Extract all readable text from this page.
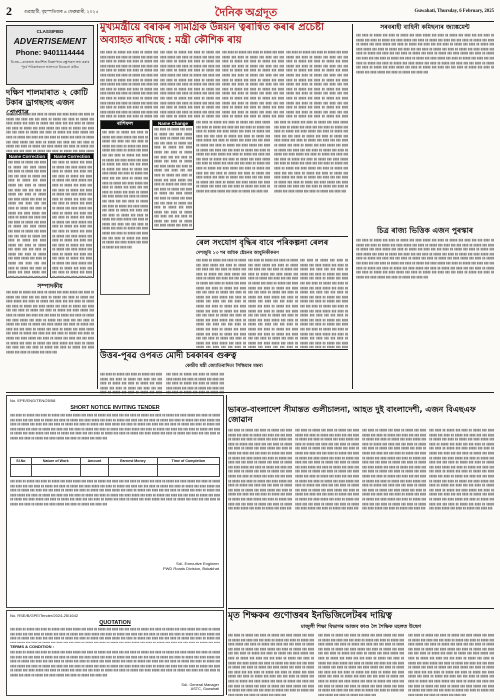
2	গুৱাহাটী, বৃহস্পতিবাৰ ৬ ফেব্ৰুৱাৰী, ২০২৫	দৈনিক অগ্ৰদূত	Guwahati, Thursday, 6 February, 2025
CLASSIFIED
ADVERTISEMENT
Phone: 9401114444
বি.দ্ৰঃ—কাকতত প্ৰকাশিত বিজ্ঞাপনৰ বস্তুসকল ক্ৰয় কৰাৰ পূৰ্বে পাঠকসকলে ভালদৰে বিবেচনা কৰিব
দক্ষিণ শালমাৰাত ২ কোটি টকাৰ ড্ৰাগছসহ এজন গ্ৰেপ্তাৰ
▮▮▮ ▮▮▮▮ ▮▮ ▮▮▮▮▮ ▮▮▮ ▮▮▮▮ ▮▮ ▮▮▮▮▮ ▮▮▮ ▮▮▮▮ ▮▮▮▮▮ ▮▮▮ ▮▮▮▮ ▮▮ ▮▮▮▮▮ ▮▮▮ ▮▮▮▮ ▮▮▮ ▮▮▮ ▮▮▮▮ ▮▮ ▮▮▮▮▮ ▮▮▮ ▮▮▮▮ ▮▮ ▮▮▮▮▮ ▮▮▮ ▮▮▮▮ ▮▮▮▮▮ ▮▮▮ ▮▮▮▮ ▮▮ ▮▮▮▮▮ ▮▮▮ ▮▮▮▮ ▮▮▮ ▮▮▮ ▮▮▮▮ ▮▮ ▮▮▮▮▮ ▮▮▮ ▮▮▮▮ ▮▮ ▮▮▮▮▮ ▮▮▮ ▮▮▮▮ ▮▮▮▮▮ ▮▮▮ ▮▮▮▮ ▮▮ ▮▮▮▮▮ ▮▮▮ ▮▮▮▮ ▮▮▮ ▮▮▮ ▮▮▮▮ ▮▮ ▮▮▮▮▮ ▮▮▮ ▮▮▮▮ ▮▮ ▮▮▮▮▮ ▮▮▮ ▮▮▮▮ ▮▮▮▮▮ ▮▮▮ ▮▮▮▮ ▮▮ ▮▮▮▮▮ ▮▮▮ ▮▮▮▮ ▮▮▮ ▮▮▮ ▮▮▮▮ ▮▮ ▮▮▮▮▮ ▮▮▮ ▮▮▮▮ ▮▮ ▮▮▮▮▮ ▮▮▮ ▮▮▮▮ ▮▮▮▮▮ ▮▮▮ ▮▮▮▮ ▮▮ ▮▮▮▮▮ ▮▮▮ ▮▮▮▮ ▮▮▮ ▮▮▮ ▮▮▮▮ ▮▮ ▮▮▮▮▮ ▮▮▮ ▮▮▮▮ ▮▮ ▮▮▮▮▮ ▮▮▮ ▮▮▮▮ ▮▮▮▮▮ ▮▮▮ ▮▮▮▮ ▮▮ ▮▮▮▮▮ ▮▮▮ ▮▮▮▮ ▮▮▮ ▮▮▮ ▮▮▮▮ ▮▮ ▮▮▮▮▮ ▮▮▮ ▮▮▮▮ ▮▮ ▮▮▮▮▮ ▮▮▮ ▮▮▮▮ ▮▮▮▮▮ ▮▮▮ ▮▮▮▮ ▮▮ ▮▮▮▮▮ ▮▮▮ ▮▮▮▮ ▮▮▮ ▮▮▮ ▮▮▮▮ ▮▮ ▮▮▮▮▮ ▮▮▮ ▮▮▮▮ ▮▮ ▮▮▮▮▮ ▮▮▮ ▮▮▮▮ ▮▮▮▮▮ ▮▮▮ ▮▮▮▮ ▮▮ ▮▮▮▮▮ ▮▮▮ ▮▮▮▮ ▮▮▮ ▮▮▮ ▮▮▮▮ ▮▮ ▮▮▮▮▮ ▮▮▮ ▮▮▮▮ ▮▮ ▮▮▮▮▮ ▮▮▮ ▮▮▮▮ ▮▮▮▮▮ ▮▮▮ ▮▮▮▮ ▮▮ ▮▮▮▮▮ ▮▮▮ ▮▮▮▮ ▮▮▮ ▮▮▮ ▮▮▮▮ ▮▮ ▮▮▮▮▮ ▮▮▮ ▮▮▮▮ ▮▮ ▮▮▮▮▮ ▮▮▮ ▮▮▮▮ ▮▮▮▮▮ ▮▮▮ ▮▮▮▮ ▮▮ ▮▮▮▮▮ ▮▮▮ ▮▮▮▮ ▮▮▮
Name Correction
▮▮▮ ▮▮▮▮ ▮▮ ▮▮▮▮▮ ▮▮▮ ▮▮▮▮ ▮▮ ▮▮▮▮▮ ▮▮▮ ▮▮▮▮ ▮▮▮▮▮ ▮▮▮ ▮▮▮▮ ▮▮ ▮▮▮▮▮ ▮▮▮ ▮▮▮▮ ▮▮▮ ▮▮▮ ▮▮▮▮ ▮▮ ▮▮▮▮▮ ▮▮▮ ▮▮▮▮ ▮▮ ▮▮▮▮▮ ▮▮▮ ▮▮▮▮ ▮▮▮▮▮ ▮▮▮ ▮▮▮▮ ▮▮ ▮▮▮▮▮ ▮▮▮ ▮▮▮▮ ▮▮▮ ▮▮▮ ▮▮▮▮ ▮▮ ▮▮▮▮▮ ▮▮▮ ▮▮▮▮ ▮▮ ▮▮▮▮▮ ▮▮▮ ▮▮▮▮ ▮▮▮▮▮ ▮▮▮ ▮▮▮▮ ▮▮ ▮▮▮▮▮ ▮▮▮ ▮▮▮▮ ▮▮▮ ▮▮▮ ▮▮▮▮ ▮▮ ▮▮▮▮▮ ▮▮▮ ▮▮▮▮ ▮▮ ▮▮▮▮▮ ▮▮▮ ▮▮▮▮ ▮▮▮▮▮ ▮▮▮ ▮▮▮▮ ▮▮ ▮▮▮▮▮ ▮▮▮ ▮▮▮▮ ▮▮▮ ▮▮▮ ▮▮▮▮ ▮▮ ▮▮▮▮▮ ▮▮▮ ▮▮▮▮ ▮▮ ▮▮▮▮▮ ▮▮▮ ▮▮▮▮ ▮▮▮▮▮ ▮▮▮ ▮▮▮▮ ▮▮ ▮▮▮▮▮ ▮▮▮ ▮▮▮▮ ▮▮▮ ▮▮▮ ▮▮▮▮ ▮▮ ▮▮▮▮▮ ▮▮▮ ▮▮▮▮ ▮▮ ▮▮▮▮▮ ▮▮▮ ▮▮▮▮ ▮▮▮▮▮ ▮▮▮ ▮▮▮▮ ▮▮ ▮▮▮▮▮ ▮▮▮ ▮▮▮▮ ▮▮▮ ▮▮▮ ▮▮▮▮ ▮▮ ▮▮▮▮▮ ▮▮▮ ▮▮▮▮ ▮▮ ▮▮▮▮▮ ▮▮▮ ▮▮▮▮ ▮▮▮▮▮ ▮▮▮ ▮▮▮▮ ▮▮ ▮▮▮▮▮ ▮▮▮ ▮▮▮▮ ▮▮▮ ▮▮▮ ▮▮▮▮ ▮▮ ▮▮▮▮▮ ▮▮▮ ▮▮▮▮ ▮▮ ▮▮▮▮▮ ▮▮▮ ▮▮▮▮ ▮▮▮▮▮ ▮▮▮ ▮▮▮▮ ▮▮ ▮▮▮▮▮ ▮▮▮ ▮▮▮▮ ▮▮▮ ▮▮▮ ▮▮▮▮ ▮▮ ▮▮▮▮▮ ▮▮▮ ▮▮▮▮ ▮▮ ▮▮▮▮▮ ▮▮▮ ▮▮▮▮ ▮▮▮▮▮ ▮▮▮ ▮▮▮▮ ▮▮ ▮▮▮▮▮ ▮▮▮ ▮▮▮▮ ▮▮▮ ▮▮▮ ▮▮▮▮ ▮▮ ▮▮▮▮▮ ▮▮▮ ▮▮▮▮ ▮▮ ▮▮▮▮▮ ▮▮▮ ▮▮▮▮ ▮▮▮▮▮ ▮▮▮ ▮▮▮▮ ▮▮ ▮▮▮▮▮ ▮▮▮ ▮▮▮▮ ▮▮▮	Name Correction
▮▮▮ ▮▮▮▮ ▮▮ ▮▮▮▮▮ ▮▮▮ ▮▮▮▮ ▮▮ ▮▮▮▮▮ ▮▮▮ ▮▮▮▮ ▮▮▮▮▮ ▮▮▮ ▮▮▮▮ ▮▮ ▮▮▮▮▮ ▮▮▮ ▮▮▮▮ ▮▮▮ ▮▮▮ ▮▮▮▮ ▮▮ ▮▮▮▮▮ ▮▮▮ ▮▮▮▮ ▮▮ ▮▮▮▮▮ ▮▮▮ ▮▮▮▮ ▮▮▮▮▮ ▮▮▮ ▮▮▮▮ ▮▮ ▮▮▮▮▮ ▮▮▮ ▮▮▮▮ ▮▮▮ ▮▮▮ ▮▮▮▮ ▮▮ ▮▮▮▮▮ ▮▮▮ ▮▮▮▮ ▮▮ ▮▮▮▮▮ ▮▮▮ ▮▮▮▮ ▮▮▮▮▮ ▮▮▮ ▮▮▮▮ ▮▮ ▮▮▮▮▮ ▮▮▮ ▮▮▮▮ ▮▮▮ ▮▮▮ ▮▮▮▮ ▮▮ ▮▮▮▮▮ ▮▮▮ ▮▮▮▮ ▮▮ ▮▮▮▮▮ ▮▮▮ ▮▮▮▮ ▮▮▮▮▮ ▮▮▮ ▮▮▮▮ ▮▮ ▮▮▮▮▮ ▮▮▮ ▮▮▮▮ ▮▮▮ ▮▮▮ ▮▮▮▮ ▮▮ ▮▮▮▮▮ ▮▮▮ ▮▮▮▮ ▮▮ ▮▮▮▮▮ ▮▮▮ ▮▮▮▮ ▮▮▮▮▮ ▮▮▮ ▮▮▮▮ ▮▮ ▮▮▮▮▮ ▮▮▮ ▮▮▮▮ ▮▮▮ ▮▮▮ ▮▮▮▮ ▮▮ ▮▮▮▮▮ ▮▮▮ ▮▮▮▮ ▮▮ ▮▮▮▮▮ ▮▮▮ ▮▮▮▮ ▮▮▮▮▮ ▮▮▮ ▮▮▮▮ ▮▮ ▮▮▮▮▮ ▮▮▮ ▮▮▮▮ ▮▮▮ ▮▮▮ ▮▮▮▮ ▮▮ ▮▮▮▮▮ ▮▮▮ ▮▮▮▮ ▮▮ ▮▮▮▮▮ ▮▮▮ ▮▮▮▮ ▮▮▮▮▮ ▮▮▮ ▮▮▮▮ ▮▮ ▮▮▮▮▮ ▮▮▮ ▮▮▮▮ ▮▮▮ ▮▮▮ ▮▮▮▮ ▮▮ ▮▮▮▮▮ ▮▮▮ ▮▮▮▮ ▮▮ ▮▮▮▮▮ ▮▮▮ ▮▮▮▮ ▮▮▮▮▮ ▮▮▮ ▮▮▮▮ ▮▮ ▮▮▮▮▮ ▮▮▮ ▮▮▮▮ ▮▮▮ ▮▮▮ ▮▮▮▮ ▮▮ ▮▮▮▮▮ ▮▮▮ ▮▮▮▮ ▮▮ ▮▮▮▮▮ ▮▮▮ ▮▮▮▮ ▮▮▮▮▮ ▮▮▮ ▮▮▮▮ ▮▮ ▮▮▮▮▮ ▮▮▮ ▮▮▮▮ ▮▮▮ ▮▮▮ ▮▮▮▮ ▮▮ ▮▮▮▮▮ ▮▮▮ ▮▮▮▮ ▮▮ ▮▮▮▮▮ ▮▮▮ ▮▮▮▮ ▮▮▮▮▮ ▮▮▮ ▮▮▮▮ ▮▮ ▮▮▮▮▮ ▮▮▮ ▮▮▮▮ ▮▮▮
সম্পাদকীয়
▮▮▮ ▮▮▮▮ ▮▮ ▮▮▮▮▮ ▮▮▮ ▮▮▮▮ ▮▮ ▮▮▮▮▮ ▮▮▮ ▮▮▮▮ ▮▮▮▮▮ ▮▮▮ ▮▮▮▮ ▮▮ ▮▮▮▮▮ ▮▮▮ ▮▮▮▮ ▮▮▮ ▮▮▮ ▮▮▮▮ ▮▮ ▮▮▮▮▮ ▮▮▮ ▮▮▮▮ ▮▮ ▮▮▮▮▮ ▮▮▮ ▮▮▮▮ ▮▮▮▮▮ ▮▮▮ ▮▮▮▮ ▮▮ ▮▮▮▮▮ ▮▮▮ ▮▮▮▮ ▮▮▮ ▮▮▮ ▮▮▮▮ ▮▮ ▮▮▮▮▮ ▮▮▮ ▮▮▮▮ ▮▮ ▮▮▮▮▮ ▮▮▮ ▮▮▮▮ ▮▮▮▮▮ ▮▮▮ ▮▮▮▮ ▮▮ ▮▮▮▮▮ ▮▮▮ ▮▮▮▮ ▮▮▮ ▮▮▮ ▮▮▮▮ ▮▮ ▮▮▮▮▮ ▮▮▮ ▮▮▮▮ ▮▮ ▮▮▮▮▮ ▮▮▮ ▮▮▮▮ ▮▮▮▮▮ ▮▮▮ ▮▮▮▮ ▮▮ ▮▮▮▮▮ ▮▮▮ ▮▮▮▮ ▮▮▮ ▮▮▮ ▮▮▮▮ ▮▮ ▮▮▮▮▮ ▮▮▮ ▮▮▮▮ ▮▮ ▮▮▮▮▮ ▮▮▮ ▮▮▮▮ ▮▮▮▮▮ ▮▮▮ ▮▮▮▮ ▮▮ ▮▮▮▮▮ ▮▮▮ ▮▮▮▮ ▮▮▮ ▮▮▮ ▮▮▮▮ ▮▮ ▮▮▮▮▮ ▮▮▮ ▮▮▮▮ ▮▮ ▮▮▮▮▮ ▮▮▮ ▮▮▮▮ ▮▮▮▮▮ ▮▮▮ ▮▮▮▮ ▮▮ ▮▮▮▮▮ ▮▮▮ ▮▮▮▮ ▮▮▮ ▮▮▮ ▮▮▮▮ ▮▮ ▮▮▮▮▮ ▮▮▮ ▮▮▮▮ ▮▮ ▮▮▮▮▮ ▮▮▮ ▮▮▮▮ ▮▮▮▮▮ ▮▮▮ ▮▮▮▮ ▮▮ ▮▮▮▮▮ ▮▮▮ ▮▮▮▮ ▮▮▮ ▮▮▮ ▮▮▮▮ ▮▮ ▮▮▮▮▮ ▮▮▮ ▮▮▮▮ ▮▮ ▮▮▮▮▮ ▮▮▮ ▮▮▮▮ ▮▮▮▮▮ ▮▮▮ ▮▮▮▮ ▮▮ ▮▮▮▮▮ ▮▮▮ ▮▮▮▮ ▮▮▮ ▮▮▮ ▮▮▮▮ ▮▮ ▮▮▮▮▮ ▮▮▮ ▮▮▮▮ ▮▮ ▮▮▮▮▮ ▮▮▮ ▮▮▮▮ ▮▮▮▮▮ ▮▮▮ ▮▮▮▮ ▮▮ ▮▮▮▮▮ ▮▮▮ ▮▮▮▮ ▮▮▮ ▮▮▮ ▮▮▮▮ ▮▮ ▮▮▮▮▮ ▮▮▮ ▮▮▮▮ ▮▮ ▮▮▮▮▮ ▮▮▮ ▮▮▮▮ ▮▮▮▮▮ ▮▮▮ ▮▮▮▮ ▮▮ ▮▮▮▮▮ ▮▮▮ ▮▮▮▮ ▮▮▮
মুখ্যমন্ত্ৰীয়ে বৰাকৰ সামগ্ৰিক উন্নয়ন ত্বৰান্বিত কৰাৰ প্ৰচেষ্টা অব্যাহত ৰাখিছে : মন্ত্ৰী কৌশিক ৰায়
▮▮▮ ▮▮▮▮ ▮▮ ▮▮▮▮▮ ▮▮▮ ▮▮▮▮ ▮▮ ▮▮▮▮▮ ▮▮▮ ▮▮▮▮ ▮▮▮▮▮ ▮▮▮ ▮▮▮▮ ▮▮ ▮▮▮▮▮ ▮▮▮ ▮▮▮▮ ▮▮▮ ▮▮▮ ▮▮▮▮ ▮▮ ▮▮▮▮▮ ▮▮▮ ▮▮▮▮ ▮▮ ▮▮▮▮▮ ▮▮▮ ▮▮▮▮ ▮▮▮▮▮ ▮▮▮ ▮▮▮▮ ▮▮ ▮▮▮▮▮ ▮▮▮ ▮▮▮▮ ▮▮▮ ▮▮▮ ▮▮▮▮ ▮▮ ▮▮▮▮▮ ▮▮▮ ▮▮▮▮ ▮▮ ▮▮▮▮▮ ▮▮▮ ▮▮▮▮ ▮▮▮▮▮ ▮▮▮ ▮▮▮▮ ▮▮ ▮▮▮▮▮ ▮▮▮ ▮▮▮▮ ▮▮▮ ▮▮▮ ▮▮▮▮ ▮▮ ▮▮▮▮▮ ▮▮▮ ▮▮▮▮ ▮▮ ▮▮▮▮▮ ▮▮▮ ▮▮▮▮ ▮▮▮▮▮ ▮▮▮ ▮▮▮▮ ▮▮ ▮▮▮▮▮ ▮▮▮ ▮▮▮▮ ▮▮▮ ▮▮▮ ▮▮▮▮ ▮▮ ▮▮▮▮▮ ▮▮▮ ▮▮▮▮ ▮▮ ▮▮▮▮▮ ▮▮▮ ▮▮▮▮ ▮▮▮▮▮ ▮▮▮ ▮▮▮▮ ▮▮ ▮▮▮▮▮ ▮▮▮ ▮▮▮▮ ▮▮▮ ▮▮▮ ▮▮▮▮ ▮▮ ▮▮▮▮▮ ▮▮▮ ▮▮▮▮ ▮▮ ▮▮▮▮▮ ▮▮▮ ▮▮▮▮ ▮▮▮▮▮ ▮▮▮ ▮▮▮▮ ▮▮ ▮▮▮▮▮ ▮▮▮ ▮▮▮▮ ▮▮▮ ▮▮▮ ▮▮▮▮ ▮▮ ▮▮▮▮▮ ▮▮▮ ▮▮▮▮ ▮▮ ▮▮▮▮▮ ▮▮▮ ▮▮▮▮ ▮▮▮▮▮ ▮▮▮ ▮▮▮▮ ▮▮ ▮▮▮▮▮ ▮▮▮ ▮▮▮▮ ▮▮▮ ▮▮▮ ▮▮▮▮ ▮▮ ▮▮▮▮▮ ▮▮▮ ▮▮▮▮ ▮▮ ▮▮▮▮▮ ▮▮▮ ▮▮▮▮ ▮▮▮▮▮ ▮▮▮ ▮▮▮▮ ▮▮ ▮▮▮▮▮ ▮▮▮ ▮▮▮▮ ▮▮▮ ▮▮▮ ▮▮▮▮ ▮▮ ▮▮▮▮▮ ▮▮▮ ▮▮▮▮ ▮▮ ▮▮▮▮▮ ▮▮▮ ▮▮▮▮ ▮▮▮▮▮ ▮▮▮ ▮▮▮▮ ▮▮ ▮▮▮▮▮ ▮▮▮ ▮▮▮▮ ▮▮▮ ▮▮▮ ▮▮▮▮ ▮▮ ▮▮▮▮▮ ▮▮▮ ▮▮▮▮ ▮▮ ▮▮▮▮▮ ▮▮▮ ▮▮▮▮ ▮▮▮▮▮ ▮▮▮ ▮▮▮▮ ▮▮ ▮▮▮▮▮ ▮▮▮ ▮▮▮▮ ▮▮▮
▮▮▮ ▮▮▮▮ ▮▮ ▮▮▮▮▮ ▮▮▮ ▮▮▮▮ ▮▮ ▮▮▮▮▮ ▮▮▮ ▮▮▮▮ ▮▮▮▮▮ ▮▮▮ ▮▮▮▮ ▮▮ ▮▮▮▮▮ ▮▮▮ ▮▮▮▮ ▮▮▮ ▮▮▮ ▮▮▮▮ ▮▮ ▮▮▮▮▮ ▮▮▮ ▮▮▮▮ ▮▮ ▮▮▮▮▮ ▮▮▮ ▮▮▮▮ ▮▮▮▮▮ ▮▮▮ ▮▮▮▮ ▮▮ ▮▮▮▮▮ ▮▮▮ ▮▮▮▮ ▮▮▮ ▮▮▮ ▮▮▮▮ ▮▮ ▮▮▮▮▮ ▮▮▮ ▮▮▮▮ ▮▮ ▮▮▮▮▮ ▮▮▮ ▮▮▮▮ ▮▮▮▮▮ ▮▮▮ ▮▮▮▮ ▮▮ ▮▮▮▮▮ ▮▮▮ ▮▮▮▮ ▮▮▮ ▮▮▮ ▮▮▮▮ ▮▮ ▮▮▮▮▮ ▮▮▮ ▮▮▮▮ ▮▮ ▮▮▮▮▮ ▮▮▮ ▮▮▮▮ ▮▮▮▮▮ ▮▮▮ ▮▮▮▮ ▮▮ ▮▮▮▮▮ ▮▮▮ ▮▮▮▮ ▮▮▮ ▮▮▮ ▮▮▮▮ ▮▮ ▮▮▮▮▮ ▮▮▮ ▮▮▮▮ ▮▮ ▮▮▮▮▮ ▮▮▮ ▮▮▮▮ ▮▮▮▮▮ ▮▮▮ ▮▮▮▮ ▮▮ ▮▮▮▮▮ ▮▮▮ ▮▮▮▮ ▮▮▮ ▮▮▮ ▮▮▮▮ ▮▮ ▮▮▮▮▮ ▮▮▮ ▮▮▮▮ ▮▮ ▮▮▮▮▮ ▮▮▮ ▮▮▮▮ ▮▮▮▮▮ ▮▮▮ ▮▮▮▮ ▮▮ ▮▮▮▮▮ ▮▮▮ ▮▮▮▮ ▮▮▮ ▮▮▮ ▮▮▮▮ ▮▮ ▮▮▮▮▮ ▮▮▮ ▮▮▮▮ ▮▮ ▮▮▮▮▮ ▮▮▮ ▮▮▮▮ ▮▮▮▮▮ ▮▮▮ ▮▮▮▮ ▮▮ ▮▮▮▮▮ ▮▮▮ ▮▮▮▮ ▮▮▮ ▮▮▮ ▮▮▮▮ ▮▮ ▮▮▮▮▮ ▮▮▮ ▮▮▮▮ ▮▮ ▮▮▮▮▮ ▮▮▮ ▮▮▮▮ ▮▮▮▮▮ ▮▮▮ ▮▮▮▮ ▮▮ ▮▮▮▮▮ ▮▮▮ ▮▮▮▮ ▮▮▮ ▮▮▮ ▮▮▮▮ ▮▮ ▮▮▮▮▮ ▮▮▮ ▮▮▮▮ ▮▮ ▮▮▮▮▮ ▮▮▮ ▮▮▮▮ ▮▮▮▮▮ ▮▮▮ ▮▮▮▮ ▮▮ ▮▮▮▮▮ ▮▮▮ ▮▮▮▮ ▮▮▮ ▮▮▮ ▮▮▮▮ ▮▮ ▮▮▮▮▮ ▮▮▮ ▮▮▮▮ ▮▮ ▮▮▮▮▮ ▮▮▮ ▮▮▮▮ ▮▮▮▮▮ ▮▮▮ ▮▮▮▮ ▮▮ ▮▮▮▮▮ ▮▮▮ ▮▮▮▮ ▮▮▮
▮▮▮ ▮▮▮▮ ▮▮ ▮▮▮▮▮ ▮▮▮ ▮▮▮▮ ▮▮ ▮▮▮▮▮ ▮▮▮ ▮▮▮▮ ▮▮▮▮▮ ▮▮▮ ▮▮▮▮ ▮▮ ▮▮▮▮▮ ▮▮▮ ▮▮▮▮ ▮▮▮ ▮▮▮ ▮▮▮▮ ▮▮ ▮▮▮▮▮ ▮▮▮ ▮▮▮▮ ▮▮ ▮▮▮▮▮ ▮▮▮ ▮▮▮▮ ▮▮▮▮▮ ▮▮▮ ▮▮▮▮ ▮▮ ▮▮▮▮▮ ▮▮▮ ▮▮▮▮ ▮▮▮ ▮▮▮ ▮▮▮▮ ▮▮ ▮▮▮▮▮ ▮▮▮ ▮▮▮▮ ▮▮ ▮▮▮▮▮ ▮▮▮ ▮▮▮▮ ▮▮▮▮▮ ▮▮▮ ▮▮▮▮ ▮▮ ▮▮▮▮▮ ▮▮▮ ▮▮▮▮ ▮▮▮ ▮▮▮ ▮▮▮▮ ▮▮ ▮▮▮▮▮ ▮▮▮ ▮▮▮▮ ▮▮ ▮▮▮▮▮ ▮▮▮ ▮▮▮▮ ▮▮▮▮▮ ▮▮▮ ▮▮▮▮ ▮▮ ▮▮▮▮▮ ▮▮▮ ▮▮▮▮ ▮▮▮ ▮▮▮ ▮▮▮▮ ▮▮ ▮▮▮▮▮ ▮▮▮ ▮▮▮▮ ▮▮ ▮▮▮▮▮ ▮▮▮ ▮▮▮▮ ▮▮▮▮▮ ▮▮▮ ▮▮▮▮ ▮▮ ▮▮▮▮▮ ▮▮▮ ▮▮▮▮ ▮▮▮ ▮▮▮ ▮▮▮▮ ▮▮ ▮▮▮▮▮ ▮▮▮ ▮▮▮▮ ▮▮ ▮▮▮▮▮ ▮▮▮ ▮▮▮▮ ▮▮▮▮▮ ▮▮▮ ▮▮▮▮ ▮▮ ▮▮▮▮▮ ▮▮▮ ▮▮▮▮ ▮▮▮ ▮▮▮ ▮▮▮▮ ▮▮ ▮▮▮▮▮ ▮▮▮ ▮▮▮▮ ▮▮ ▮▮▮▮▮ ▮▮▮ ▮▮▮▮ ▮▮▮▮▮ ▮▮▮ ▮▮▮▮ ▮▮ ▮▮▮▮▮ ▮▮▮ ▮▮▮▮ ▮▮▮ ▮▮▮ ▮▮▮▮ ▮▮ ▮▮▮▮▮ ▮▮▮ ▮▮▮▮ ▮▮ ▮▮▮▮▮ ▮▮▮ ▮▮▮▮ ▮▮▮▮▮ ▮▮▮ ▮▮▮▮ ▮▮ ▮▮▮▮▮ ▮▮▮ ▮▮▮▮ ▮▮▮ ▮▮▮ ▮▮▮▮ ▮▮ ▮▮▮▮▮ ▮▮▮ ▮▮▮▮ ▮▮ ▮▮▮▮▮ ▮▮▮ ▮▮▮▮ ▮▮▮▮▮ ▮▮▮ ▮▮▮▮ ▮▮ ▮▮▮▮▮ ▮▮▮ ▮▮▮▮ ▮▮▮ ▮▮▮ ▮▮▮▮ ▮▮ ▮▮▮▮▮ ▮▮▮ ▮▮▮▮ ▮▮ ▮▮▮▮▮ ▮▮▮ ▮▮▮▮ ▮▮▮▮▮ ▮▮▮ ▮▮▮▮ ▮▮ ▮▮▮▮▮ ▮▮▮ ▮▮▮▮ ▮▮▮
▮▮▮ ▮▮▮▮ ▮▮ ▮▮▮▮▮ ▮▮▮ ▮▮▮▮ ▮▮ ▮▮▮▮▮ ▮▮▮ ▮▮▮▮ ▮▮▮▮▮ ▮▮▮ ▮▮▮▮ ▮▮ ▮▮▮▮▮ ▮▮▮ ▮▮▮▮ ▮▮▮ ▮▮▮ ▮▮▮▮ ▮▮ ▮▮▮▮▮ ▮▮▮ ▮▮▮▮ ▮▮ ▮▮▮▮▮ ▮▮▮ ▮▮▮▮ ▮▮▮▮▮ ▮▮▮ ▮▮▮▮ ▮▮ ▮▮▮▮▮ ▮▮▮ ▮▮▮▮ ▮▮▮ ▮▮▮ ▮▮▮▮ ▮▮ ▮▮▮▮▮ ▮▮▮ ▮▮▮▮ ▮▮ ▮▮▮▮▮ ▮▮▮ ▮▮▮▮ ▮▮▮▮▮ ▮▮▮ ▮▮▮▮ ▮▮ ▮▮▮▮▮ ▮▮▮ ▮▮▮▮ ▮▮▮ ▮▮▮ ▮▮▮▮ ▮▮ ▮▮▮▮▮ ▮▮▮ ▮▮▮▮ ▮▮ ▮▮▮▮▮ ▮▮▮ ▮▮▮▮ ▮▮▮▮▮ ▮▮▮ ▮▮▮▮ ▮▮ ▮▮▮▮▮ ▮▮▮ ▮▮▮▮ ▮▮▮ ▮▮▮ ▮▮▮▮ ▮▮ ▮▮▮▮▮ ▮▮▮ ▮▮▮▮ ▮▮ ▮▮▮▮▮ ▮▮▮ ▮▮▮▮ ▮▮▮▮▮ ▮▮▮ ▮▮▮▮ ▮▮ ▮▮▮▮▮ ▮▮▮ ▮▮▮▮ ▮▮▮ ▮▮▮ ▮▮▮▮ ▮▮ ▮▮▮▮▮ ▮▮▮ ▮▮▮▮ ▮▮ ▮▮▮▮▮ ▮▮▮ ▮▮▮▮ ▮▮▮▮▮ ▮▮▮ ▮▮▮▮ ▮▮ ▮▮▮▮▮ ▮▮▮ ▮▮▮▮ ▮▮▮ ▮▮▮ ▮▮▮▮ ▮▮ ▮▮▮▮▮ ▮▮▮ ▮▮▮▮ ▮▮ ▮▮▮▮▮ ▮▮▮ ▮▮▮▮ ▮▮▮▮▮ ▮▮▮ ▮▮▮▮ ▮▮ ▮▮▮▮▮ ▮▮▮ ▮▮▮▮ ▮▮▮ ▮▮▮ ▮▮▮▮ ▮▮ ▮▮▮▮▮ ▮▮▮ ▮▮▮▮ ▮▮ ▮▮▮▮▮ ▮▮▮ ▮▮▮▮ ▮▮▮▮▮ ▮▮▮ ▮▮▮▮ ▮▮ ▮▮▮▮▮ ▮▮▮ ▮▮▮▮ ▮▮▮ ▮▮▮ ▮▮▮▮ ▮▮ ▮▮▮▮▮ ▮▮▮ ▮▮▮▮ ▮▮ ▮▮▮▮▮ ▮▮▮ ▮▮▮▮ ▮▮▮▮▮ ▮▮▮ ▮▮▮▮ ▮▮ ▮▮▮▮▮ ▮▮▮ ▮▮▮▮ ▮▮▮ ▮▮▮ ▮▮▮▮ ▮▮ ▮▮▮▮▮ ▮▮▮ ▮▮▮▮ ▮▮ ▮▮▮▮▮ ▮▮▮ ▮▮▮▮ ▮▮▮▮▮ ▮▮▮ ▮▮▮▮ ▮▮ ▮▮▮▮▮ ▮▮▮ ▮▮▮▮ ▮▮▮
ৰাশিফল
▮▮▮ ▮▮▮▮ ▮▮ ▮▮▮▮▮ ▮▮▮ ▮▮▮▮ ▮▮ ▮▮▮▮▮ ▮▮▮ ▮▮▮▮ ▮▮▮▮▮ ▮▮▮ ▮▮▮▮ ▮▮ ▮▮▮▮▮ ▮▮▮ ▮▮▮▮ ▮▮▮ ▮▮▮ ▮▮▮▮ ▮▮ ▮▮▮▮▮ ▮▮▮ ▮▮▮▮ ▮▮ ▮▮▮▮▮ ▮▮▮ ▮▮▮▮ ▮▮▮▮▮ ▮▮▮ ▮▮▮▮ ▮▮ ▮▮▮▮▮ ▮▮▮ ▮▮▮▮ ▮▮▮ ▮▮▮ ▮▮▮▮ ▮▮ ▮▮▮▮▮ ▮▮▮ ▮▮▮▮ ▮▮ ▮▮▮▮▮ ▮▮▮ ▮▮▮▮ ▮▮▮▮▮ ▮▮▮ ▮▮▮▮ ▮▮ ▮▮▮▮▮ ▮▮▮ ▮▮▮▮ ▮▮▮ ▮▮▮ ▮▮▮▮ ▮▮ ▮▮▮▮▮ ▮▮▮ ▮▮▮▮ ▮▮ ▮▮▮▮▮ ▮▮▮ ▮▮▮▮ ▮▮▮▮▮ ▮▮▮ ▮▮▮▮ ▮▮ ▮▮▮▮▮ ▮▮▮ ▮▮▮▮ ▮▮▮ ▮▮▮ ▮▮▮▮ ▮▮ ▮▮▮▮▮ ▮▮▮ ▮▮▮▮ ▮▮ ▮▮▮▮▮ ▮▮▮ ▮▮▮▮ ▮▮▮▮▮ ▮▮▮ ▮▮▮▮ ▮▮ ▮▮▮▮▮ ▮▮▮ ▮▮▮▮ ▮▮▮ ▮▮▮ ▮▮▮▮ ▮▮ ▮▮▮▮▮ ▮▮▮ ▮▮▮▮ ▮▮ ▮▮▮▮▮ ▮▮▮ ▮▮▮▮ ▮▮▮▮▮ ▮▮▮ ▮▮▮▮ ▮▮ ▮▮▮▮▮ ▮▮▮ ▮▮▮▮ ▮▮▮ ▮▮▮ ▮▮▮▮ ▮▮ ▮▮▮▮▮ ▮▮▮ ▮▮▮▮ ▮▮ ▮▮▮▮▮ ▮▮▮ ▮▮▮▮ ▮▮▮▮▮ ▮▮▮ ▮▮▮▮ ▮▮ ▮▮▮▮▮ ▮▮▮ ▮▮▮▮ ▮▮▮ ▮▮▮ ▮▮▮▮ ▮▮ ▮▮▮▮▮ ▮▮▮ ▮▮▮▮ ▮▮ ▮▮▮▮▮ ▮▮▮ ▮▮▮▮ ▮▮▮▮▮ ▮▮▮ ▮▮▮▮ ▮▮ ▮▮▮▮▮ ▮▮▮ ▮▮▮▮ ▮▮▮ ▮▮▮ ▮▮▮▮ ▮▮ ▮▮▮▮▮ ▮▮▮ ▮▮▮▮ ▮▮ ▮▮▮▮▮ ▮▮▮ ▮▮▮▮ ▮▮▮▮▮ ▮▮▮ ▮▮▮▮ ▮▮ ▮▮▮▮▮ ▮▮▮ ▮▮▮▮ ▮▮▮ ▮▮▮ ▮▮▮▮ ▮▮ ▮▮▮▮▮ ▮▮▮ ▮▮▮▮ ▮▮ ▮▮▮▮▮ ▮▮▮ ▮▮▮▮ ▮▮▮▮▮ ▮▮▮ ▮▮▮▮ ▮▮ ▮▮▮▮▮ ▮▮▮ ▮▮▮▮ ▮▮▮	Name Change
▮▮▮ ▮▮▮▮ ▮▮ ▮▮▮▮▮ ▮▮▮ ▮▮▮▮ ▮▮ ▮▮▮▮▮ ▮▮▮ ▮▮▮▮ ▮▮▮▮▮ ▮▮▮ ▮▮▮▮ ▮▮ ▮▮▮▮▮ ▮▮▮ ▮▮▮▮ ▮▮▮ ▮▮▮ ▮▮▮▮ ▮▮ ▮▮▮▮▮ ▮▮▮ ▮▮▮▮ ▮▮ ▮▮▮▮▮ ▮▮▮ ▮▮▮▮ ▮▮▮▮▮ ▮▮▮ ▮▮▮▮ ▮▮ ▮▮▮▮▮ ▮▮▮ ▮▮▮▮ ▮▮▮ ▮▮▮ ▮▮▮▮ ▮▮ ▮▮▮▮▮ ▮▮▮ ▮▮▮▮ ▮▮ ▮▮▮▮▮ ▮▮▮ ▮▮▮▮ ▮▮▮▮▮ ▮▮▮ ▮▮▮▮ ▮▮ ▮▮▮▮▮ ▮▮▮ ▮▮▮▮ ▮▮▮ ▮▮▮ ▮▮▮▮ ▮▮ ▮▮▮▮▮ ▮▮▮ ▮▮▮▮ ▮▮ ▮▮▮▮▮ ▮▮▮ ▮▮▮▮ ▮▮▮▮▮ ▮▮▮ ▮▮▮▮ ▮▮ ▮▮▮▮▮ ▮▮▮ ▮▮▮▮ ▮▮▮ ▮▮▮ ▮▮▮▮ ▮▮ ▮▮▮▮▮ ▮▮▮ ▮▮▮▮ ▮▮ ▮▮▮▮▮ ▮▮▮ ▮▮▮▮ ▮▮▮▮▮ ▮▮▮ ▮▮▮▮ ▮▮ ▮▮▮▮▮ ▮▮▮ ▮▮▮▮ ▮▮▮ ▮▮▮ ▮▮▮▮ ▮▮ ▮▮▮▮▮ ▮▮▮ ▮▮▮▮ ▮▮ ▮▮▮▮▮ ▮▮▮ ▮▮▮▮ ▮▮▮▮▮ ▮▮▮ ▮▮▮▮ ▮▮ ▮▮▮▮▮ ▮▮▮ ▮▮▮▮ ▮▮▮ ▮▮▮ ▮▮▮▮ ▮▮ ▮▮▮▮▮ ▮▮▮ ▮▮▮▮ ▮▮ ▮▮▮▮▮ ▮▮▮ ▮▮▮▮ ▮▮▮▮▮ ▮▮▮ ▮▮▮▮ ▮▮ ▮▮▮▮▮ ▮▮▮ ▮▮▮▮ ▮▮▮ ▮▮▮ ▮▮▮▮ ▮▮ ▮▮▮▮▮ ▮▮▮ ▮▮▮▮ ▮▮ ▮▮▮▮▮ ▮▮▮ ▮▮▮▮ ▮▮▮▮▮ ▮▮▮ ▮▮▮▮ ▮▮ ▮▮▮▮▮ ▮▮▮ ▮▮▮▮ ▮▮▮ ▮▮▮ ▮▮▮▮ ▮▮ ▮▮▮▮▮ ▮▮▮ ▮▮▮▮ ▮▮ ▮▮▮▮▮ ▮▮▮ ▮▮▮▮ ▮▮▮▮▮ ▮▮▮ ▮▮▮▮ ▮▮ ▮▮▮▮▮ ▮▮▮ ▮▮▮▮ ▮▮▮ ▮▮▮ ▮▮▮▮ ▮▮ ▮▮▮▮▮ ▮▮▮ ▮▮▮▮ ▮▮ ▮▮▮▮▮ ▮▮▮ ▮▮▮▮ ▮▮▮▮▮ ▮▮▮ ▮▮▮▮ ▮▮ ▮▮▮▮▮ ▮▮▮ ▮▮▮▮ ▮▮▮
ৰেল সংযোগ বৃদ্ধিৰ বাবে পৰিকল্পনা ৰেলৰ
দেশজুৰি ১৩ শৰ অধিক ষ্টেচনৰ আধুনিকীকৰণ
▮▮▮ ▮▮▮▮ ▮▮ ▮▮▮▮▮ ▮▮▮ ▮▮▮▮ ▮▮ ▮▮▮▮▮ ▮▮▮ ▮▮▮▮ ▮▮▮▮▮ ▮▮▮ ▮▮▮▮ ▮▮ ▮▮▮▮▮ ▮▮▮ ▮▮▮▮ ▮▮▮ ▮▮▮ ▮▮▮▮ ▮▮ ▮▮▮▮▮ ▮▮▮ ▮▮▮▮ ▮▮ ▮▮▮▮▮ ▮▮▮ ▮▮▮▮ ▮▮▮▮▮ ▮▮▮ ▮▮▮▮ ▮▮ ▮▮▮▮▮ ▮▮▮ ▮▮▮▮ ▮▮▮ ▮▮▮ ▮▮▮▮ ▮▮ ▮▮▮▮▮ ▮▮▮ ▮▮▮▮ ▮▮ ▮▮▮▮▮ ▮▮▮ ▮▮▮▮ ▮▮▮▮▮ ▮▮▮ ▮▮▮▮ ▮▮ ▮▮▮▮▮ ▮▮▮ ▮▮▮▮ ▮▮▮ ▮▮▮ ▮▮▮▮ ▮▮ ▮▮▮▮▮ ▮▮▮ ▮▮▮▮ ▮▮ ▮▮▮▮▮ ▮▮▮ ▮▮▮▮ ▮▮▮▮▮ ▮▮▮ ▮▮▮▮ ▮▮ ▮▮▮▮▮ ▮▮▮ ▮▮▮▮ ▮▮▮ ▮▮▮ ▮▮▮▮ ▮▮ ▮▮▮▮▮ ▮▮▮ ▮▮▮▮ ▮▮ ▮▮▮▮▮ ▮▮▮ ▮▮▮▮ ▮▮▮▮▮ ▮▮▮ ▮▮▮▮ ▮▮ ▮▮▮▮▮ ▮▮▮ ▮▮▮▮ ▮▮▮ ▮▮▮ ▮▮▮▮ ▮▮ ▮▮▮▮▮ ▮▮▮ ▮▮▮▮ ▮▮ ▮▮▮▮▮ ▮▮▮ ▮▮▮▮ ▮▮▮▮▮ ▮▮▮ ▮▮▮▮ ▮▮ ▮▮▮▮▮ ▮▮▮ ▮▮▮▮ ▮▮▮ ▮▮▮ ▮▮▮▮ ▮▮ ▮▮▮▮▮ ▮▮▮ ▮▮▮▮ ▮▮ ▮▮▮▮▮ ▮▮▮ ▮▮▮▮ ▮▮▮▮▮ ▮▮▮ ▮▮▮▮ ▮▮ ▮▮▮▮▮ ▮▮▮ ▮▮▮▮ ▮▮▮ ▮▮▮ ▮▮▮▮ ▮▮ ▮▮▮▮▮ ▮▮▮ ▮▮▮▮ ▮▮ ▮▮▮▮▮ ▮▮▮ ▮▮▮▮ ▮▮▮▮▮ ▮▮▮ ▮▮▮▮ ▮▮ ▮▮▮▮▮ ▮▮▮ ▮▮▮▮ ▮▮▮ ▮▮▮ ▮▮▮▮ ▮▮ ▮▮▮▮▮ ▮▮▮ ▮▮▮▮ ▮▮ ▮▮▮▮▮ ▮▮▮ ▮▮▮▮ ▮▮▮▮▮ ▮▮▮ ▮▮▮▮ ▮▮ ▮▮▮▮▮ ▮▮▮ ▮▮▮▮ ▮▮▮ ▮▮▮ ▮▮▮▮ ▮▮ ▮▮▮▮▮ ▮▮▮ ▮▮▮▮ ▮▮ ▮▮▮▮▮ ▮▮▮ ▮▮▮▮ ▮▮▮▮▮ ▮▮▮ ▮▮▮▮ ▮▮ ▮▮▮▮▮ ▮▮▮ ▮▮▮▮ ▮▮▮
▮▮▮ ▮▮▮▮ ▮▮ ▮▮▮▮▮ ▮▮▮ ▮▮▮▮ ▮▮ ▮▮▮▮▮ ▮▮▮ ▮▮▮▮ ▮▮▮▮▮ ▮▮▮ ▮▮▮▮ ▮▮ ▮▮▮▮▮ ▮▮▮ ▮▮▮▮ ▮▮▮ ▮▮▮ ▮▮▮▮ ▮▮ ▮▮▮▮▮ ▮▮▮ ▮▮▮▮ ▮▮ ▮▮▮▮▮ ▮▮▮ ▮▮▮▮ ▮▮▮▮▮ ▮▮▮ ▮▮▮▮ ▮▮ ▮▮▮▮▮ ▮▮▮ ▮▮▮▮ ▮▮▮ ▮▮▮ ▮▮▮▮ ▮▮ ▮▮▮▮▮ ▮▮▮ ▮▮▮▮ ▮▮ ▮▮▮▮▮ ▮▮▮ ▮▮▮▮ ▮▮▮▮▮ ▮▮▮ ▮▮▮▮ ▮▮ ▮▮▮▮▮ ▮▮▮ ▮▮▮▮ ▮▮▮ ▮▮▮ ▮▮▮▮ ▮▮ ▮▮▮▮▮ ▮▮▮ ▮▮▮▮ ▮▮ ▮▮▮▮▮ ▮▮▮ ▮▮▮▮ ▮▮▮▮▮ ▮▮▮ ▮▮▮▮ ▮▮ ▮▮▮▮▮ ▮▮▮ ▮▮▮▮ ▮▮▮ ▮▮▮ ▮▮▮▮ ▮▮ ▮▮▮▮▮ ▮▮▮ ▮▮▮▮ ▮▮ ▮▮▮▮▮ ▮▮▮ ▮▮▮▮ ▮▮▮▮▮ ▮▮▮ ▮▮▮▮ ▮▮ ▮▮▮▮▮ ▮▮▮ ▮▮▮▮ ▮▮▮ ▮▮▮ ▮▮▮▮ ▮▮ ▮▮▮▮▮ ▮▮▮ ▮▮▮▮ ▮▮ ▮▮▮▮▮ ▮▮▮ ▮▮▮▮ ▮▮▮▮▮ ▮▮▮ ▮▮▮▮ ▮▮ ▮▮▮▮▮ ▮▮▮ ▮▮▮▮ ▮▮▮ ▮▮▮ ▮▮▮▮ ▮▮ ▮▮▮▮▮ ▮▮▮ ▮▮▮▮ ▮▮ ▮▮▮▮▮ ▮▮▮ ▮▮▮▮ ▮▮▮▮▮ ▮▮▮ ▮▮▮▮ ▮▮ ▮▮▮▮▮ ▮▮▮ ▮▮▮▮ ▮▮▮ ▮▮▮ ▮▮▮▮ ▮▮ ▮▮▮▮▮ ▮▮▮ ▮▮▮▮ ▮▮ ▮▮▮▮▮ ▮▮▮ ▮▮▮▮ ▮▮▮▮▮ ▮▮▮ ▮▮▮▮ ▮▮ ▮▮▮▮▮ ▮▮▮ ▮▮▮▮ ▮▮▮ ▮▮▮ ▮▮▮▮ ▮▮ ▮▮▮▮▮ ▮▮▮ ▮▮▮▮ ▮▮ ▮▮▮▮▮ ▮▮▮ ▮▮▮▮ ▮▮▮▮▮ ▮▮▮ ▮▮▮▮ ▮▮ ▮▮▮▮▮ ▮▮▮ ▮▮▮▮ ▮▮▮ ▮▮▮ ▮▮▮▮ ▮▮ ▮▮▮▮▮ ▮▮▮ ▮▮▮▮ ▮▮ ▮▮▮▮▮ ▮▮▮ ▮▮▮▮ ▮▮▮▮▮ ▮▮▮ ▮▮▮▮ ▮▮ ▮▮▮▮▮ ▮▮▮ ▮▮▮▮ ▮▮▮
▮▮▮ ▮▮▮▮ ▮▮ ▮▮▮▮▮ ▮▮▮ ▮▮▮▮ ▮▮ ▮▮▮▮▮ ▮▮▮ ▮▮▮▮ ▮▮▮▮▮ ▮▮▮ ▮▮▮▮ ▮▮ ▮▮▮▮▮ ▮▮▮ ▮▮▮▮ ▮▮▮ ▮▮▮ ▮▮▮▮ ▮▮ ▮▮▮▮▮ ▮▮▮ ▮▮▮▮ ▮▮ ▮▮▮▮▮ ▮▮▮ ▮▮▮▮ ▮▮▮▮▮ ▮▮▮ ▮▮▮▮ ▮▮ ▮▮▮▮▮ ▮▮▮ ▮▮▮▮ ▮▮▮ ▮▮▮ ▮▮▮▮ ▮▮ ▮▮▮▮▮ ▮▮▮ ▮▮▮▮ ▮▮ ▮▮▮▮▮ ▮▮▮ ▮▮▮▮ ▮▮▮▮▮ ▮▮▮ ▮▮▮▮ ▮▮ ▮▮▮▮▮ ▮▮▮ ▮▮▮▮ ▮▮▮ ▮▮▮ ▮▮▮▮ ▮▮ ▮▮▮▮▮ ▮▮▮ ▮▮▮▮ ▮▮ ▮▮▮▮▮ ▮▮▮ ▮▮▮▮ ▮▮▮▮▮ ▮▮▮ ▮▮▮▮ ▮▮ ▮▮▮▮▮ ▮▮▮ ▮▮▮▮ ▮▮▮ ▮▮▮ ▮▮▮▮ ▮▮ ▮▮▮▮▮ ▮▮▮ ▮▮▮▮ ▮▮ ▮▮▮▮▮ ▮▮▮ ▮▮▮▮ ▮▮▮▮▮ ▮▮▮ ▮▮▮▮ ▮▮ ▮▮▮▮▮ ▮▮▮ ▮▮▮▮ ▮▮▮ ▮▮▮ ▮▮▮▮ ▮▮ ▮▮▮▮▮ ▮▮▮ ▮▮▮▮ ▮▮ ▮▮▮▮▮ ▮▮▮ ▮▮▮▮ ▮▮▮▮▮ ▮▮▮ ▮▮▮▮ ▮▮ ▮▮▮▮▮ ▮▮▮ ▮▮▮▮ ▮▮▮ ▮▮▮ ▮▮▮▮ ▮▮ ▮▮▮▮▮ ▮▮▮ ▮▮▮▮ ▮▮ ▮▮▮▮▮ ▮▮▮ ▮▮▮▮ ▮▮▮▮▮ ▮▮▮ ▮▮▮▮ ▮▮ ▮▮▮▮▮ ▮▮▮ ▮▮▮▮ ▮▮▮ ▮▮▮ ▮▮▮▮ ▮▮ ▮▮▮▮▮ ▮▮▮ ▮▮▮▮ ▮▮ ▮▮▮▮▮ ▮▮▮ ▮▮▮▮ ▮▮▮▮▮ ▮▮▮ ▮▮▮▮ ▮▮ ▮▮▮▮▮ ▮▮▮ ▮▮▮▮ ▮▮▮ ▮▮▮ ▮▮▮▮ ▮▮ ▮▮▮▮▮ ▮▮▮ ▮▮▮▮ ▮▮ ▮▮▮▮▮ ▮▮▮ ▮▮▮▮ ▮▮▮▮▮ ▮▮▮ ▮▮▮▮ ▮▮ ▮▮▮▮▮ ▮▮▮ ▮▮▮▮ ▮▮▮ ▮▮▮ ▮▮▮▮ ▮▮ ▮▮▮▮▮ ▮▮▮ ▮▮▮▮ ▮▮ ▮▮▮▮▮ ▮▮▮ ▮▮▮▮ ▮▮▮▮▮ ▮▮▮ ▮▮▮▮ ▮▮ ▮▮▮▮▮ ▮▮▮ ▮▮▮▮ ▮▮▮
▮▮▮ ▮▮▮▮ ▮▮ ▮▮▮▮▮ ▮▮▮ ▮▮▮▮ ▮▮ ▮▮▮▮▮ ▮▮▮ ▮▮▮▮ ▮▮▮▮▮ ▮▮▮ ▮▮▮▮ ▮▮ ▮▮▮▮▮ ▮▮▮ ▮▮▮▮ ▮▮▮ ▮▮▮ ▮▮▮▮ ▮▮ ▮▮▮▮▮ ▮▮▮ ▮▮▮▮ ▮▮ ▮▮▮▮▮ ▮▮▮ ▮▮▮▮ ▮▮▮▮▮ ▮▮▮ ▮▮▮▮ ▮▮ ▮▮▮▮▮ ▮▮▮ ▮▮▮▮ ▮▮▮ ▮▮▮ ▮▮▮▮ ▮▮ ▮▮▮▮▮ ▮▮▮ ▮▮▮▮ ▮▮ ▮▮▮▮▮ ▮▮▮ ▮▮▮▮ ▮▮▮▮▮ ▮▮▮ ▮▮▮▮ ▮▮ ▮▮▮▮▮ ▮▮▮ ▮▮▮▮ ▮▮▮ ▮▮▮ ▮▮▮▮ ▮▮ ▮▮▮▮▮ ▮▮▮ ▮▮▮▮ ▮▮ ▮▮▮▮▮ ▮▮▮ ▮▮▮▮ ▮▮▮▮▮ ▮▮▮ ▮▮▮▮ ▮▮ ▮▮▮▮▮ ▮▮▮ ▮▮▮▮ ▮▮▮ ▮▮▮ ▮▮▮▮ ▮▮ ▮▮▮▮▮ ▮▮▮ ▮▮▮▮ ▮▮ ▮▮▮▮▮ ▮▮▮ ▮▮▮▮ ▮▮▮▮▮ ▮▮▮ ▮▮▮▮ ▮▮ ▮▮▮▮▮ ▮▮▮ ▮▮▮▮ ▮▮▮ ▮▮▮ ▮▮▮▮ ▮▮ ▮▮▮▮▮ ▮▮▮ ▮▮▮▮ ▮▮ ▮▮▮▮▮ ▮▮▮ ▮▮▮▮ ▮▮▮▮▮ ▮▮▮ ▮▮▮▮ ▮▮ ▮▮▮▮▮ ▮▮▮ ▮▮▮▮ ▮▮▮ ▮▮▮ ▮▮▮▮ ▮▮ ▮▮▮▮▮ ▮▮▮ ▮▮▮▮ ▮▮ ▮▮▮▮▮ ▮▮▮ ▮▮▮▮ ▮▮▮▮▮ ▮▮▮ ▮▮▮▮ ▮▮ ▮▮▮▮▮ ▮▮▮ ▮▮▮▮ ▮▮▮ ▮▮▮ ▮▮▮▮ ▮▮ ▮▮▮▮▮ ▮▮▮ ▮▮▮▮ ▮▮ ▮▮▮▮▮ ▮▮▮ ▮▮▮▮ ▮▮▮▮▮ ▮▮▮ ▮▮▮▮ ▮▮ ▮▮▮▮▮ ▮▮▮ ▮▮▮▮ ▮▮▮ ▮▮▮ ▮▮▮▮ ▮▮ ▮▮▮▮▮ ▮▮▮ ▮▮▮▮ ▮▮ ▮▮▮▮▮ ▮▮▮ ▮▮▮▮ ▮▮▮▮▮ ▮▮▮ ▮▮▮▮ ▮▮ ▮▮▮▮▮ ▮▮▮ ▮▮▮▮ ▮▮▮ ▮▮▮ ▮▮▮▮ ▮▮ ▮▮▮▮▮ ▮▮▮ ▮▮▮▮ ▮▮ ▮▮▮▮▮ ▮▮▮ ▮▮▮▮ ▮▮▮▮▮ ▮▮▮ ▮▮▮▮ ▮▮ ▮▮▮▮▮ ▮▮▮ ▮▮▮▮ ▮▮▮
▮▮▮ ▮▮▮▮ ▮▮ ▮▮▮▮▮ ▮▮▮ ▮▮▮▮ ▮▮ ▮▮▮▮▮ ▮▮▮ ▮▮▮▮ ▮▮▮▮▮ ▮▮▮ ▮▮▮▮ ▮▮ ▮▮▮▮▮ ▮▮▮ ▮▮▮▮ ▮▮▮ ▮▮▮ ▮▮▮▮ ▮▮ ▮▮▮▮▮ ▮▮▮ ▮▮▮▮ ▮▮ ▮▮▮▮▮ ▮▮▮ ▮▮▮▮ ▮▮▮▮▮ ▮▮▮ ▮▮▮▮ ▮▮ ▮▮▮▮▮ ▮▮▮ ▮▮▮▮ ▮▮▮ ▮▮▮ ▮▮▮▮ ▮▮ ▮▮▮▮▮ ▮▮▮ ▮▮▮▮ ▮▮ ▮▮▮▮▮ ▮▮▮ ▮▮▮▮ ▮▮▮▮▮ ▮▮▮ ▮▮▮▮ ▮▮ ▮▮▮▮▮ ▮▮▮ ▮▮▮▮ ▮▮▮ ▮▮▮ ▮▮▮▮ ▮▮ ▮▮▮▮▮ ▮▮▮ ▮▮▮▮ ▮▮ ▮▮▮▮▮ ▮▮▮ ▮▮▮▮ ▮▮▮▮▮ ▮▮▮ ▮▮▮▮ ▮▮ ▮▮▮▮▮ ▮▮▮ ▮▮▮▮ ▮▮▮ ▮▮▮ ▮▮▮▮ ▮▮ ▮▮▮▮▮ ▮▮▮ ▮▮▮▮ ▮▮ ▮▮▮▮▮ ▮▮▮ ▮▮▮▮ ▮▮▮▮▮ ▮▮▮ ▮▮▮▮ ▮▮ ▮▮▮▮▮ ▮▮▮ ▮▮▮▮ ▮▮▮ ▮▮▮ ▮▮▮▮ ▮▮ ▮▮▮▮▮ ▮▮▮ ▮▮▮▮ ▮▮ ▮▮▮▮▮ ▮▮▮ ▮▮▮▮ ▮▮▮▮▮ ▮▮▮ ▮▮▮▮ ▮▮ ▮▮▮▮▮ ▮▮▮ ▮▮▮▮ ▮▮▮ ▮▮▮ ▮▮▮▮ ▮▮ ▮▮▮▮▮ ▮▮▮ ▮▮▮▮ ▮▮ ▮▮▮▮▮ ▮▮▮ ▮▮▮▮ ▮▮▮▮▮ ▮▮▮ ▮▮▮▮ ▮▮ ▮▮▮▮▮ ▮▮▮ ▮▮▮▮ ▮▮▮ ▮▮▮ ▮▮▮▮ ▮▮ ▮▮▮▮▮ ▮▮▮ ▮▮▮▮ ▮▮ ▮▮▮▮▮ ▮▮▮ ▮▮▮▮ ▮▮▮▮▮ ▮▮▮ ▮▮▮▮ ▮▮ ▮▮▮▮▮ ▮▮▮ ▮▮▮▮ ▮▮▮ ▮▮▮ ▮▮▮▮ ▮▮ ▮▮▮▮▮ ▮▮▮ ▮▮▮▮ ▮▮ ▮▮▮▮▮ ▮▮▮ ▮▮▮▮ ▮▮▮▮▮ ▮▮▮ ▮▮▮▮ ▮▮ ▮▮▮▮▮ ▮▮▮ ▮▮▮▮ ▮▮▮ ▮▮▮ ▮▮▮▮ ▮▮ ▮▮▮▮▮ ▮▮▮ ▮▮▮▮ ▮▮ ▮▮▮▮▮ ▮▮▮ ▮▮▮▮ ▮▮▮▮▮ ▮▮▮ ▮▮▮▮ ▮▮ ▮▮▮▮▮ ▮▮▮ ▮▮▮▮ ▮▮▮
উত্তৰ-পূৰৱ ওপৰত মোদী চৰকাৰৰ গুৰুত্ব
কেন্দ্ৰীয় মন্ত্ৰী জ্যোতিৰাদিত্য সিন্ধিয়াৰ মন্তব্য
▮▮▮ ▮▮▮▮ ▮▮ ▮▮▮▮▮ ▮▮▮ ▮▮▮▮ ▮▮ ▮▮▮▮▮ ▮▮▮ ▮▮▮▮ ▮▮▮▮▮ ▮▮▮ ▮▮▮▮ ▮▮ ▮▮▮▮▮ ▮▮▮ ▮▮▮▮ ▮▮▮ ▮▮▮ ▮▮▮▮ ▮▮ ▮▮▮▮▮ ▮▮▮ ▮▮▮▮ ▮▮ ▮▮▮▮▮ ▮▮▮ ▮▮▮▮ ▮▮▮▮▮ ▮▮▮ ▮▮▮▮ ▮▮ ▮▮▮▮▮ ▮▮▮ ▮▮▮▮ ▮▮▮ ▮▮▮ ▮▮▮▮ ▮▮ ▮▮▮▮▮ ▮▮▮ ▮▮▮▮ ▮▮ ▮▮▮▮▮ ▮▮▮ ▮▮▮▮ ▮▮▮▮▮ ▮▮▮ ▮▮▮▮ ▮▮ ▮▮▮▮▮ ▮▮▮ ▮▮▮▮ ▮▮▮ ▮▮▮ ▮▮▮▮ ▮▮ ▮▮▮▮▮ ▮▮▮ ▮▮▮▮ ▮▮ ▮▮▮▮▮ ▮▮▮ ▮▮▮▮ ▮▮▮▮▮ ▮▮▮ ▮▮▮▮ ▮▮ ▮▮▮▮▮ ▮▮▮ ▮▮▮▮ ▮▮▮ ▮▮▮ ▮▮▮▮ ▮▮ ▮▮▮▮▮ ▮▮▮ ▮▮▮▮ ▮▮ ▮▮▮▮▮ ▮▮▮ ▮▮▮▮ ▮▮▮▮▮ ▮▮▮ ▮▮▮▮ ▮▮ ▮▮▮▮▮ ▮▮▮ ▮▮▮▮ ▮▮▮ ▮▮▮ ▮▮▮▮ ▮▮ ▮▮▮▮▮ ▮▮▮ ▮▮▮▮ ▮▮ ▮▮▮▮▮ ▮▮▮ ▮▮▮▮ ▮▮▮▮▮ ▮▮▮ ▮▮▮▮ ▮▮ ▮▮▮▮▮ ▮▮▮ ▮▮▮▮ ▮▮▮ ▮▮▮ ▮▮▮▮ ▮▮ ▮▮▮▮▮ ▮▮▮ ▮▮▮▮ ▮▮ ▮▮▮▮▮ ▮▮▮ ▮▮▮▮ ▮▮▮▮▮ ▮▮▮ ▮▮▮▮ ▮▮ ▮▮▮▮▮ ▮▮▮ ▮▮▮▮ ▮▮▮ ▮▮▮ ▮▮▮▮ ▮▮ ▮▮▮▮▮ ▮▮▮ ▮▮▮▮ ▮▮ ▮▮▮▮▮ ▮▮▮ ▮▮▮▮ ▮▮▮▮▮ ▮▮▮ ▮▮▮▮ ▮▮ ▮▮▮▮▮ ▮▮▮ ▮▮▮▮ ▮▮▮ ▮▮▮ ▮▮▮▮ ▮▮ ▮▮▮▮▮ ▮▮▮ ▮▮▮▮ ▮▮ ▮▮▮▮▮ ▮▮▮ ▮▮▮▮ ▮▮▮▮▮ ▮▮▮ ▮▮▮▮ ▮▮ ▮▮▮▮▮ ▮▮▮ ▮▮▮▮ ▮▮▮ ▮▮▮ ▮▮▮▮ ▮▮ ▮▮▮▮▮ ▮▮▮ ▮▮▮▮ ▮▮ ▮▮▮▮▮ ▮▮▮ ▮▮▮▮ ▮▮▮▮▮ ▮▮▮ ▮▮▮▮ ▮▮ ▮▮▮▮▮ ▮▮▮ ▮▮▮▮ ▮▮▮
▮▮▮ ▮▮▮▮ ▮▮ ▮▮▮▮▮ ▮▮▮ ▮▮▮▮ ▮▮ ▮▮▮▮▮ ▮▮▮ ▮▮▮▮ ▮▮▮▮▮ ▮▮▮ ▮▮▮▮ ▮▮ ▮▮▮▮▮ ▮▮▮ ▮▮▮▮ ▮▮▮ ▮▮▮ ▮▮▮▮ ▮▮ ▮▮▮▮▮ ▮▮▮ ▮▮▮▮ ▮▮ ▮▮▮▮▮ ▮▮▮ ▮▮▮▮ ▮▮▮▮▮ ▮▮▮ ▮▮▮▮ ▮▮ ▮▮▮▮▮ ▮▮▮ ▮▮▮▮ ▮▮▮ ▮▮▮ ▮▮▮▮ ▮▮ ▮▮▮▮▮ ▮▮▮ ▮▮▮▮ ▮▮ ▮▮▮▮▮ ▮▮▮ ▮▮▮▮ ▮▮▮▮▮ ▮▮▮ ▮▮▮▮ ▮▮ ▮▮▮▮▮ ▮▮▮ ▮▮▮▮ ▮▮▮ ▮▮▮ ▮▮▮▮ ▮▮ ▮▮▮▮▮ ▮▮▮ ▮▮▮▮ ▮▮ ▮▮▮▮▮ ▮▮▮ ▮▮▮▮ ▮▮▮▮▮ ▮▮▮ ▮▮▮▮ ▮▮ ▮▮▮▮▮ ▮▮▮ ▮▮▮▮ ▮▮▮ ▮▮▮ ▮▮▮▮ ▮▮ ▮▮▮▮▮ ▮▮▮ ▮▮▮▮ ▮▮ ▮▮▮▮▮ ▮▮▮ ▮▮▮▮ ▮▮▮▮▮ ▮▮▮ ▮▮▮▮ ▮▮ ▮▮▮▮▮ ▮▮▮ ▮▮▮▮ ▮▮▮ ▮▮▮ ▮▮▮▮ ▮▮ ▮▮▮▮▮ ▮▮▮ ▮▮▮▮ ▮▮ ▮▮▮▮▮ ▮▮▮ ▮▮▮▮ ▮▮▮▮▮ ▮▮▮ ▮▮▮▮ ▮▮ ▮▮▮▮▮ ▮▮▮ ▮▮▮▮ ▮▮▮ ▮▮▮ ▮▮▮▮ ▮▮ ▮▮▮▮▮ ▮▮▮ ▮▮▮▮ ▮▮ ▮▮▮▮▮ ▮▮▮ ▮▮▮▮ ▮▮▮▮▮ ▮▮▮ ▮▮▮▮ ▮▮ ▮▮▮▮▮ ▮▮▮ ▮▮▮▮ ▮▮▮ ▮▮▮ ▮▮▮▮ ▮▮ ▮▮▮▮▮ ▮▮▮ ▮▮▮▮ ▮▮ ▮▮▮▮▮ ▮▮▮ ▮▮▮▮ ▮▮▮▮▮ ▮▮▮ ▮▮▮▮ ▮▮ ▮▮▮▮▮ ▮▮▮ ▮▮▮▮ ▮▮▮ ▮▮▮ ▮▮▮▮ ▮▮ ▮▮▮▮▮ ▮▮▮ ▮▮▮▮ ▮▮ ▮▮▮▮▮ ▮▮▮ ▮▮▮▮ ▮▮▮▮▮ ▮▮▮ ▮▮▮▮ ▮▮ ▮▮▮▮▮ ▮▮▮ ▮▮▮▮ ▮▮▮ ▮▮▮ ▮▮▮▮ ▮▮ ▮▮▮▮▮ ▮▮▮ ▮▮▮▮ ▮▮ ▮▮▮▮▮ ▮▮▮ ▮▮▮▮ ▮▮▮▮▮ ▮▮▮ ▮▮▮▮ ▮▮ ▮▮▮▮▮ ▮▮▮ ▮▮▮▮ ▮▮▮
সৰবৰাহী বাহিনী কমিছনাৰ জ্যাঙ্কমেন্ট
▮▮▮ ▮▮▮▮ ▮▮ ▮▮▮▮▮ ▮▮▮ ▮▮▮▮ ▮▮ ▮▮▮▮▮ ▮▮▮ ▮▮▮▮ ▮▮▮▮▮ ▮▮▮ ▮▮▮▮ ▮▮ ▮▮▮▮▮ ▮▮▮ ▮▮▮▮ ▮▮▮ ▮▮▮ ▮▮▮▮ ▮▮ ▮▮▮▮▮ ▮▮▮ ▮▮▮▮ ▮▮ ▮▮▮▮▮ ▮▮▮ ▮▮▮▮ ▮▮▮▮▮ ▮▮▮ ▮▮▮▮ ▮▮ ▮▮▮▮▮ ▮▮▮ ▮▮▮▮ ▮▮▮ ▮▮▮ ▮▮▮▮ ▮▮ ▮▮▮▮▮ ▮▮▮ ▮▮▮▮ ▮▮ ▮▮▮▮▮ ▮▮▮ ▮▮▮▮ ▮▮▮▮▮ ▮▮▮ ▮▮▮▮ ▮▮ ▮▮▮▮▮ ▮▮▮ ▮▮▮▮ ▮▮▮ ▮▮▮ ▮▮▮▮ ▮▮ ▮▮▮▮▮ ▮▮▮ ▮▮▮▮ ▮▮ ▮▮▮▮▮ ▮▮▮ ▮▮▮▮ ▮▮▮▮▮ ▮▮▮ ▮▮▮▮ ▮▮ ▮▮▮▮▮ ▮▮▮ ▮▮▮▮ ▮▮▮ ▮▮▮ ▮▮▮▮ ▮▮ ▮▮▮▮▮ ▮▮▮ ▮▮▮▮ ▮▮ ▮▮▮▮▮ ▮▮▮ ▮▮▮▮ ▮▮▮▮▮ ▮▮▮ ▮▮▮▮ ▮▮ ▮▮▮▮▮ ▮▮▮ ▮▮▮▮ ▮▮▮ ▮▮▮ ▮▮▮▮ ▮▮ ▮▮▮▮▮ ▮▮▮ ▮▮▮▮ ▮▮ ▮▮▮▮▮ ▮▮▮ ▮▮▮▮ ▮▮▮▮▮ ▮▮▮ ▮▮▮▮ ▮▮ ▮▮▮▮▮ ▮▮▮ ▮▮▮▮ ▮▮▮ ▮▮▮ ▮▮▮▮ ▮▮ ▮▮▮▮▮ ▮▮▮ ▮▮▮▮ ▮▮ ▮▮▮▮▮ ▮▮▮ ▮▮▮▮ ▮▮▮▮▮ ▮▮▮ ▮▮▮▮ ▮▮ ▮▮▮▮▮ ▮▮▮ ▮▮▮▮ ▮▮▮ ▮▮▮ ▮▮▮▮ ▮▮ ▮▮▮▮▮ ▮▮▮ ▮▮▮▮ ▮▮ ▮▮▮▮▮ ▮▮▮ ▮▮▮▮ ▮▮▮▮▮ ▮▮▮ ▮▮▮▮ ▮▮ ▮▮▮▮▮ ▮▮▮ ▮▮▮▮ ▮▮▮ ▮▮▮ ▮▮▮▮ ▮▮ ▮▮▮▮▮ ▮▮▮ ▮▮▮▮ ▮▮ ▮▮▮▮▮ ▮▮▮ ▮▮▮▮ ▮▮▮▮▮ ▮▮▮ ▮▮▮▮ ▮▮ ▮▮▮▮▮ ▮▮▮ ▮▮▮▮ ▮▮▮ ▮▮▮ ▮▮▮▮ ▮▮ ▮▮▮▮▮ ▮▮▮ ▮▮▮▮ ▮▮ ▮▮▮▮▮ ▮▮▮ ▮▮▮▮ ▮▮▮▮▮ ▮▮▮ ▮▮▮▮ ▮▮ ▮▮▮▮▮ ▮▮▮ ▮▮▮▮ ▮▮▮
চিত্ৰ ৰাজ্য ভিত্তিক এজন পুৰস্কাৰ
▮▮▮ ▮▮▮▮ ▮▮ ▮▮▮▮▮ ▮▮▮ ▮▮▮▮ ▮▮ ▮▮▮▮▮ ▮▮▮ ▮▮▮▮ ▮▮▮▮▮ ▮▮▮ ▮▮▮▮ ▮▮ ▮▮▮▮▮ ▮▮▮ ▮▮▮▮ ▮▮▮ ▮▮▮ ▮▮▮▮ ▮▮ ▮▮▮▮▮ ▮▮▮ ▮▮▮▮ ▮▮ ▮▮▮▮▮ ▮▮▮ ▮▮▮▮ ▮▮▮▮▮ ▮▮▮ ▮▮▮▮ ▮▮ ▮▮▮▮▮ ▮▮▮ ▮▮▮▮ ▮▮▮ ▮▮▮ ▮▮▮▮ ▮▮ ▮▮▮▮▮ ▮▮▮ ▮▮▮▮ ▮▮ ▮▮▮▮▮ ▮▮▮ ▮▮▮▮ ▮▮▮▮▮ ▮▮▮ ▮▮▮▮ ▮▮ ▮▮▮▮▮ ▮▮▮ ▮▮▮▮ ▮▮▮ ▮▮▮ ▮▮▮▮ ▮▮ ▮▮▮▮▮ ▮▮▮ ▮▮▮▮ ▮▮ ▮▮▮▮▮ ▮▮▮ ▮▮▮▮ ▮▮▮▮▮ ▮▮▮ ▮▮▮▮ ▮▮ ▮▮▮▮▮ ▮▮▮ ▮▮▮▮ ▮▮▮ ▮▮▮ ▮▮▮▮ ▮▮ ▮▮▮▮▮ ▮▮▮ ▮▮▮▮ ▮▮ ▮▮▮▮▮ ▮▮▮ ▮▮▮▮ ▮▮▮▮▮ ▮▮▮ ▮▮▮▮ ▮▮ ▮▮▮▮▮ ▮▮▮ ▮▮▮▮ ▮▮▮ ▮▮▮ ▮▮▮▮ ▮▮ ▮▮▮▮▮ ▮▮▮ ▮▮▮▮ ▮▮ ▮▮▮▮▮ ▮▮▮ ▮▮▮▮ ▮▮▮▮▮ ▮▮▮ ▮▮▮▮ ▮▮ ▮▮▮▮▮ ▮▮▮ ▮▮▮▮ ▮▮▮ ▮▮▮ ▮▮▮▮ ▮▮ ▮▮▮▮▮ ▮▮▮ ▮▮▮▮ ▮▮ ▮▮▮▮▮ ▮▮▮ ▮▮▮▮ ▮▮▮▮▮ ▮▮▮ ▮▮▮▮ ▮▮ ▮▮▮▮▮ ▮▮▮ ▮▮▮▮ ▮▮▮ ▮▮▮ ▮▮▮▮ ▮▮ ▮▮▮▮▮ ▮▮▮ ▮▮▮▮ ▮▮ ▮▮▮▮▮ ▮▮▮ ▮▮▮▮ ▮▮▮▮▮ ▮▮▮ ▮▮▮▮ ▮▮ ▮▮▮▮▮ ▮▮▮ ▮▮▮▮ ▮▮▮ ▮▮▮ ▮▮▮▮ ▮▮ ▮▮▮▮▮ ▮▮▮ ▮▮▮▮ ▮▮ ▮▮▮▮▮ ▮▮▮ ▮▮▮▮ ▮▮▮▮▮ ▮▮▮ ▮▮▮▮ ▮▮ ▮▮▮▮▮ ▮▮▮ ▮▮▮▮ ▮▮▮ ▮▮▮ ▮▮▮▮ ▮▮ ▮▮▮▮▮ ▮▮▮ ▮▮▮▮ ▮▮ ▮▮▮▮▮ ▮▮▮ ▮▮▮▮ ▮▮▮▮▮ ▮▮▮ ▮▮▮▮ ▮▮ ▮▮▮▮▮ ▮▮▮ ▮▮▮▮ ▮▮▮
ভাৰত-বাংলাদেশ সীমান্তত গুলীচালনা, আহত দুই বাংলাদেশী, এজন বিএছএফ জোৱান
▮▮▮ ▮▮▮▮ ▮▮ ▮▮▮▮▮ ▮▮▮ ▮▮▮▮ ▮▮ ▮▮▮▮▮ ▮▮▮ ▮▮▮▮ ▮▮▮▮▮ ▮▮▮ ▮▮▮▮ ▮▮ ▮▮▮▮▮ ▮▮▮ ▮▮▮▮ ▮▮▮ ▮▮▮ ▮▮▮▮ ▮▮ ▮▮▮▮▮ ▮▮▮ ▮▮▮▮ ▮▮ ▮▮▮▮▮ ▮▮▮ ▮▮▮▮ ▮▮▮▮▮ ▮▮▮ ▮▮▮▮ ▮▮ ▮▮▮▮▮ ▮▮▮ ▮▮▮▮ ▮▮▮ ▮▮▮ ▮▮▮▮ ▮▮ ▮▮▮▮▮ ▮▮▮ ▮▮▮▮ ▮▮ ▮▮▮▮▮ ▮▮▮ ▮▮▮▮ ▮▮▮▮▮ ▮▮▮ ▮▮▮▮ ▮▮ ▮▮▮▮▮ ▮▮▮ ▮▮▮▮ ▮▮▮ ▮▮▮ ▮▮▮▮ ▮▮ ▮▮▮▮▮ ▮▮▮ ▮▮▮▮ ▮▮ ▮▮▮▮▮ ▮▮▮ ▮▮▮▮ ▮▮▮▮▮ ▮▮▮ ▮▮▮▮ ▮▮ ▮▮▮▮▮ ▮▮▮ ▮▮▮▮ ▮▮▮ ▮▮▮ ▮▮▮▮ ▮▮ ▮▮▮▮▮ ▮▮▮ ▮▮▮▮ ▮▮ ▮▮▮▮▮ ▮▮▮ ▮▮▮▮ ▮▮▮▮▮ ▮▮▮ ▮▮▮▮ ▮▮ ▮▮▮▮▮ ▮▮▮ ▮▮▮▮ ▮▮▮ ▮▮▮ ▮▮▮▮ ▮▮ ▮▮▮▮▮ ▮▮▮ ▮▮▮▮ ▮▮ ▮▮▮▮▮ ▮▮▮ ▮▮▮▮ ▮▮▮▮▮ ▮▮▮ ▮▮▮▮ ▮▮ ▮▮▮▮▮ ▮▮▮ ▮▮▮▮ ▮▮▮ ▮▮▮ ▮▮▮▮ ▮▮ ▮▮▮▮▮ ▮▮▮ ▮▮▮▮ ▮▮ ▮▮▮▮▮ ▮▮▮ ▮▮▮▮ ▮▮▮▮▮ ▮▮▮ ▮▮▮▮ ▮▮ ▮▮▮▮▮ ▮▮▮ ▮▮▮▮ ▮▮▮ ▮▮▮ ▮▮▮▮ ▮▮ ▮▮▮▮▮ ▮▮▮ ▮▮▮▮ ▮▮ ▮▮▮▮▮ ▮▮▮ ▮▮▮▮ ▮▮▮▮▮ ▮▮▮ ▮▮▮▮ ▮▮ ▮▮▮▮▮ ▮▮▮ ▮▮▮▮ ▮▮▮ ▮▮▮ ▮▮▮▮ ▮▮ ▮▮▮▮▮ ▮▮▮ ▮▮▮▮ ▮▮ ▮▮▮▮▮ ▮▮▮ ▮▮▮▮ ▮▮▮▮▮ ▮▮▮ ▮▮▮▮ ▮▮ ▮▮▮▮▮ ▮▮▮ ▮▮▮▮ ▮▮▮ ▮▮▮ ▮▮▮▮ ▮▮ ▮▮▮▮▮ ▮▮▮ ▮▮▮▮ ▮▮ ▮▮▮▮▮ ▮▮▮ ▮▮▮▮ ▮▮▮▮▮ ▮▮▮ ▮▮▮▮ ▮▮ ▮▮▮▮▮ ▮▮▮ ▮▮▮▮ ▮▮▮
▮▮▮ ▮▮▮▮ ▮▮ ▮▮▮▮▮ ▮▮▮ ▮▮▮▮ ▮▮ ▮▮▮▮▮ ▮▮▮ ▮▮▮▮ ▮▮▮▮▮ ▮▮▮ ▮▮▮▮ ▮▮ ▮▮▮▮▮ ▮▮▮ ▮▮▮▮ ▮▮▮ ▮▮▮ ▮▮▮▮ ▮▮ ▮▮▮▮▮ ▮▮▮ ▮▮▮▮ ▮▮ ▮▮▮▮▮ ▮▮▮ ▮▮▮▮ ▮▮▮▮▮ ▮▮▮ ▮▮▮▮ ▮▮ ▮▮▮▮▮ ▮▮▮ ▮▮▮▮ ▮▮▮ ▮▮▮ ▮▮▮▮ ▮▮ ▮▮▮▮▮ ▮▮▮ ▮▮▮▮ ▮▮ ▮▮▮▮▮ ▮▮▮ ▮▮▮▮ ▮▮▮▮▮ ▮▮▮ ▮▮▮▮ ▮▮ ▮▮▮▮▮ ▮▮▮ ▮▮▮▮ ▮▮▮ ▮▮▮ ▮▮▮▮ ▮▮ ▮▮▮▮▮ ▮▮▮ ▮▮▮▮ ▮▮ ▮▮▮▮▮ ▮▮▮ ▮▮▮▮ ▮▮▮▮▮ ▮▮▮ ▮▮▮▮ ▮▮ ▮▮▮▮▮ ▮▮▮ ▮▮▮▮ ▮▮▮ ▮▮▮ ▮▮▮▮ ▮▮ ▮▮▮▮▮ ▮▮▮ ▮▮▮▮ ▮▮ ▮▮▮▮▮ ▮▮▮ ▮▮▮▮ ▮▮▮▮▮ ▮▮▮ ▮▮▮▮ ▮▮ ▮▮▮▮▮ ▮▮▮ ▮▮▮▮ ▮▮▮ ▮▮▮ ▮▮▮▮ ▮▮ ▮▮▮▮▮ ▮▮▮ ▮▮▮▮ ▮▮ ▮▮▮▮▮ ▮▮▮ ▮▮▮▮ ▮▮▮▮▮ ▮▮▮ ▮▮▮▮ ▮▮ ▮▮▮▮▮ ▮▮▮ ▮▮▮▮ ▮▮▮ ▮▮▮ ▮▮▮▮ ▮▮ ▮▮▮▮▮ ▮▮▮ ▮▮▮▮ ▮▮ ▮▮▮▮▮ ▮▮▮ ▮▮▮▮ ▮▮▮▮▮ ▮▮▮ ▮▮▮▮ ▮▮ ▮▮▮▮▮ ▮▮▮ ▮▮▮▮ ▮▮▮ ▮▮▮ ▮▮▮▮ ▮▮ ▮▮▮▮▮ ▮▮▮ ▮▮▮▮ ▮▮ ▮▮▮▮▮ ▮▮▮ ▮▮▮▮ ▮▮▮▮▮ ▮▮▮ ▮▮▮▮ ▮▮ ▮▮▮▮▮ ▮▮▮ ▮▮▮▮ ▮▮▮ ▮▮▮ ▮▮▮▮ ▮▮ ▮▮▮▮▮ ▮▮▮ ▮▮▮▮ ▮▮ ▮▮▮▮▮ ▮▮▮ ▮▮▮▮ ▮▮▮▮▮ ▮▮▮ ▮▮▮▮ ▮▮ ▮▮▮▮▮ ▮▮▮ ▮▮▮▮ ▮▮▮ ▮▮▮ ▮▮▮▮ ▮▮ ▮▮▮▮▮ ▮▮▮ ▮▮▮▮ ▮▮ ▮▮▮▮▮ ▮▮▮ ▮▮▮▮ ▮▮▮▮▮ ▮▮▮ ▮▮▮▮ ▮▮ ▮▮▮▮▮ ▮▮▮ ▮▮▮▮ ▮▮▮
▮▮▮ ▮▮▮▮ ▮▮ ▮▮▮▮▮ ▮▮▮ ▮▮▮▮ ▮▮ ▮▮▮▮▮ ▮▮▮ ▮▮▮▮ ▮▮▮▮▮ ▮▮▮ ▮▮▮▮ ▮▮ ▮▮▮▮▮ ▮▮▮ ▮▮▮▮ ▮▮▮ ▮▮▮ ▮▮▮▮ ▮▮ ▮▮▮▮▮ ▮▮▮ ▮▮▮▮ ▮▮ ▮▮▮▮▮ ▮▮▮ ▮▮▮▮ ▮▮▮▮▮ ▮▮▮ ▮▮▮▮ ▮▮ ▮▮▮▮▮ ▮▮▮ ▮▮▮▮ ▮▮▮ ▮▮▮ ▮▮▮▮ ▮▮ ▮▮▮▮▮ ▮▮▮ ▮▮▮▮ ▮▮ ▮▮▮▮▮ ▮▮▮ ▮▮▮▮ ▮▮▮▮▮ ▮▮▮ ▮▮▮▮ ▮▮ ▮▮▮▮▮ ▮▮▮ ▮▮▮▮ ▮▮▮ ▮▮▮ ▮▮▮▮ ▮▮ ▮▮▮▮▮ ▮▮▮ ▮▮▮▮ ▮▮ ▮▮▮▮▮ ▮▮▮ ▮▮▮▮ ▮▮▮▮▮ ▮▮▮ ▮▮▮▮ ▮▮ ▮▮▮▮▮ ▮▮▮ ▮▮▮▮ ▮▮▮ ▮▮▮ ▮▮▮▮ ▮▮ ▮▮▮▮▮ ▮▮▮ ▮▮▮▮ ▮▮ ▮▮▮▮▮ ▮▮▮ ▮▮▮▮ ▮▮▮▮▮ ▮▮▮ ▮▮▮▮ ▮▮ ▮▮▮▮▮ ▮▮▮ ▮▮▮▮ ▮▮▮ ▮▮▮ ▮▮▮▮ ▮▮ ▮▮▮▮▮ ▮▮▮ ▮▮▮▮ ▮▮ ▮▮▮▮▮ ▮▮▮ ▮▮▮▮ ▮▮▮▮▮ ▮▮▮ ▮▮▮▮ ▮▮ ▮▮▮▮▮ ▮▮▮ ▮▮▮▮ ▮▮▮ ▮▮▮ ▮▮▮▮ ▮▮ ▮▮▮▮▮ ▮▮▮ ▮▮▮▮ ▮▮ ▮▮▮▮▮ ▮▮▮ ▮▮▮▮ ▮▮▮▮▮ ▮▮▮ ▮▮▮▮ ▮▮ ▮▮▮▮▮ ▮▮▮ ▮▮▮▮ ▮▮▮ ▮▮▮ ▮▮▮▮ ▮▮ ▮▮▮▮▮ ▮▮▮ ▮▮▮▮ ▮▮ ▮▮▮▮▮ ▮▮▮ ▮▮▮▮ ▮▮▮▮▮ ▮▮▮ ▮▮▮▮ ▮▮ ▮▮▮▮▮ ▮▮▮ ▮▮▮▮ ▮▮▮ ▮▮▮ ▮▮▮▮ ▮▮ ▮▮▮▮▮ ▮▮▮ ▮▮▮▮ ▮▮ ▮▮▮▮▮ ▮▮▮ ▮▮▮▮ ▮▮▮▮▮ ▮▮▮ ▮▮▮▮ ▮▮ ▮▮▮▮▮ ▮▮▮ ▮▮▮▮ ▮▮▮ ▮▮▮ ▮▮▮▮ ▮▮ ▮▮▮▮▮ ▮▮▮ ▮▮▮▮ ▮▮ ▮▮▮▮▮ ▮▮▮ ▮▮▮▮ ▮▮▮▮▮ ▮▮▮ ▮▮▮▮ ▮▮ ▮▮▮▮▮ ▮▮▮ ▮▮▮▮ ▮▮▮
▮▮▮ ▮▮▮▮ ▮▮ ▮▮▮▮▮ ▮▮▮ ▮▮▮▮ ▮▮ ▮▮▮▮▮ ▮▮▮ ▮▮▮▮ ▮▮▮▮▮ ▮▮▮ ▮▮▮▮ ▮▮ ▮▮▮▮▮ ▮▮▮ ▮▮▮▮ ▮▮▮ ▮▮▮ ▮▮▮▮ ▮▮ ▮▮▮▮▮ ▮▮▮ ▮▮▮▮ ▮▮ ▮▮▮▮▮ ▮▮▮ ▮▮▮▮ ▮▮▮▮▮ ▮▮▮ ▮▮▮▮ ▮▮ ▮▮▮▮▮ ▮▮▮ ▮▮▮▮ ▮▮▮ ▮▮▮ ▮▮▮▮ ▮▮ ▮▮▮▮▮ ▮▮▮ ▮▮▮▮ ▮▮ ▮▮▮▮▮ ▮▮▮ ▮▮▮▮ ▮▮▮▮▮ ▮▮▮ ▮▮▮▮ ▮▮ ▮▮▮▮▮ ▮▮▮ ▮▮▮▮ ▮▮▮ ▮▮▮ ▮▮▮▮ ▮▮ ▮▮▮▮▮ ▮▮▮ ▮▮▮▮ ▮▮ ▮▮▮▮▮ ▮▮▮ ▮▮▮▮ ▮▮▮▮▮ ▮▮▮ ▮▮▮▮ ▮▮ ▮▮▮▮▮ ▮▮▮ ▮▮▮▮ ▮▮▮ ▮▮▮ ▮▮▮▮ ▮▮ ▮▮▮▮▮ ▮▮▮ ▮▮▮▮ ▮▮ ▮▮▮▮▮ ▮▮▮ ▮▮▮▮ ▮▮▮▮▮ ▮▮▮ ▮▮▮▮ ▮▮ ▮▮▮▮▮ ▮▮▮ ▮▮▮▮ ▮▮▮ ▮▮▮ ▮▮▮▮ ▮▮ ▮▮▮▮▮ ▮▮▮ ▮▮▮▮ ▮▮ ▮▮▮▮▮ ▮▮▮ ▮▮▮▮ ▮▮▮▮▮ ▮▮▮ ▮▮▮▮ ▮▮ ▮▮▮▮▮ ▮▮▮ ▮▮▮▮ ▮▮▮ ▮▮▮ ▮▮▮▮ ▮▮ ▮▮▮▮▮ ▮▮▮ ▮▮▮▮ ▮▮ ▮▮▮▮▮ ▮▮▮ ▮▮▮▮ ▮▮▮▮▮ ▮▮▮ ▮▮▮▮ ▮▮ ▮▮▮▮▮ ▮▮▮ ▮▮▮▮ ▮▮▮ ▮▮▮ ▮▮▮▮ ▮▮ ▮▮▮▮▮ ▮▮▮ ▮▮▮▮ ▮▮ ▮▮▮▮▮ ▮▮▮ ▮▮▮▮ ▮▮▮▮▮ ▮▮▮ ▮▮▮▮ ▮▮ ▮▮▮▮▮ ▮▮▮ ▮▮▮▮ ▮▮▮ ▮▮▮ ▮▮▮▮ ▮▮ ▮▮▮▮▮ ▮▮▮ ▮▮▮▮ ▮▮ ▮▮▮▮▮ ▮▮▮ ▮▮▮▮ ▮▮▮▮▮ ▮▮▮ ▮▮▮▮ ▮▮ ▮▮▮▮▮ ▮▮▮ ▮▮▮▮ ▮▮▮ ▮▮▮ ▮▮▮▮ ▮▮ ▮▮▮▮▮ ▮▮▮ ▮▮▮▮ ▮▮ ▮▮▮▮▮ ▮▮▮ ▮▮▮▮ ▮▮▮▮▮ ▮▮▮ ▮▮▮▮ ▮▮ ▮▮▮▮▮ ▮▮▮ ▮▮▮▮ ▮▮▮
No. EPE/ENG/TEN/25/58
SHORT NOTICE INVITING TENDER
▮▮▮ ▮▮▮▮ ▮▮ ▮▮▮▮▮ ▮▮▮ ▮▮▮▮ ▮▮ ▮▮▮▮▮ ▮▮▮ ▮▮▮▮ ▮▮▮▮▮ ▮▮▮ ▮▮▮▮ ▮▮ ▮▮▮▮▮ ▮▮▮ ▮▮▮▮ ▮▮▮ ▮▮▮ ▮▮▮▮ ▮▮ ▮▮▮▮▮ ▮▮▮ ▮▮▮▮ ▮▮ ▮▮▮▮▮ ▮▮▮ ▮▮▮▮ ▮▮▮▮▮ ▮▮▮ ▮▮▮▮ ▮▮ ▮▮▮▮▮ ▮▮▮ ▮▮▮▮ ▮▮▮ ▮▮▮ ▮▮▮▮ ▮▮ ▮▮▮▮▮ ▮▮▮ ▮▮▮▮ ▮▮ ▮▮▮▮▮ ▮▮▮ ▮▮▮▮ ▮▮▮▮▮ ▮▮▮ ▮▮▮▮ ▮▮ ▮▮▮▮▮ ▮▮▮ ▮▮▮▮ ▮▮▮ ▮▮▮ ▮▮▮▮ ▮▮ ▮▮▮▮▮ ▮▮▮ ▮▮▮▮ ▮▮ ▮▮▮▮▮ ▮▮▮ ▮▮▮▮ ▮▮▮▮▮ ▮▮▮ ▮▮▮▮ ▮▮ ▮▮▮▮▮ ▮▮▮ ▮▮▮▮ ▮▮▮ ▮▮▮ ▮▮▮▮ ▮▮ ▮▮▮▮▮ ▮▮▮ ▮▮▮▮ ▮▮ ▮▮▮▮▮ ▮▮▮ ▮▮▮▮ ▮▮▮▮▮ ▮▮▮ ▮▮▮▮ ▮▮ ▮▮▮▮▮ ▮▮▮ ▮▮▮▮ ▮▮▮ ▮▮▮ ▮▮▮▮ ▮▮ ▮▮▮▮▮ ▮▮▮ ▮▮▮▮ ▮▮ ▮▮▮▮▮ ▮▮▮ ▮▮▮▮ ▮▮▮▮▮ ▮▮▮ ▮▮▮▮ ▮▮ ▮▮▮▮▮ ▮▮▮ ▮▮▮▮ ▮▮▮ ▮▮▮ ▮▮▮▮ ▮▮ ▮▮▮▮▮ ▮▮▮ ▮▮▮▮ ▮▮ ▮▮▮▮▮ ▮▮▮ ▮▮▮▮ ▮▮▮▮▮ ▮▮▮ ▮▮▮▮ ▮▮ ▮▮▮▮▮ ▮▮▮ ▮▮▮▮ ▮▮▮ ▮▮▮ ▮▮▮▮ ▮▮ ▮▮▮▮▮ ▮▮▮ ▮▮▮▮ ▮▮ ▮▮▮▮▮ ▮▮▮ ▮▮▮▮ ▮▮▮▮▮ ▮▮▮ ▮▮▮▮ ▮▮ ▮▮▮▮▮ ▮▮▮ ▮▮▮▮ ▮▮▮ ▮▮▮ ▮▮▮▮ ▮▮ ▮▮▮▮▮ ▮▮▮ ▮▮▮▮ ▮▮ ▮▮▮▮▮ ▮▮▮ ▮▮▮▮ ▮▮▮▮▮ ▮▮▮ ▮▮▮▮ ▮▮ ▮▮▮▮▮ ▮▮▮ ▮▮▮▮ ▮▮▮ ▮▮▮ ▮▮▮▮ ▮▮ ▮▮▮▮▮ ▮▮▮ ▮▮▮▮ ▮▮ ▮▮▮▮▮ ▮▮▮ ▮▮▮▮ ▮▮▮▮▮ ▮▮▮ ▮▮▮▮ ▮▮ ▮▮▮▮▮ ▮▮▮ ▮▮▮▮ ▮▮▮
Sl.No	Nature of Work	Amount	Earnest Money	Time of Completion

▮▮▮ ▮▮▮▮ ▮▮ ▮▮▮▮▮ ▮▮▮ ▮▮▮▮ ▮▮ ▮▮▮▮▮ ▮▮▮ ▮▮▮▮ ▮▮▮▮▮ ▮▮▮ ▮▮▮▮ ▮▮ ▮▮▮▮▮ ▮▮▮ ▮▮▮▮ ▮▮▮ ▮▮▮ ▮▮▮▮ ▮▮ ▮▮▮▮▮ ▮▮▮ ▮▮▮▮ ▮▮ ▮▮▮▮▮ ▮▮▮ ▮▮▮▮ ▮▮▮▮▮ ▮▮▮ ▮▮▮▮ ▮▮ ▮▮▮▮▮ ▮▮▮ ▮▮▮▮ ▮▮▮ ▮▮▮ ▮▮▮▮ ▮▮ ▮▮▮▮▮ ▮▮▮ ▮▮▮▮ ▮▮ ▮▮▮▮▮ ▮▮▮ ▮▮▮▮ ▮▮▮▮▮ ▮▮▮ ▮▮▮▮ ▮▮ ▮▮▮▮▮ ▮▮▮ ▮▮▮▮ ▮▮▮ ▮▮▮ ▮▮▮▮ ▮▮ ▮▮▮▮▮ ▮▮▮ ▮▮▮▮ ▮▮ ▮▮▮▮▮ ▮▮▮ ▮▮▮▮ ▮▮▮▮▮ ▮▮▮ ▮▮▮▮ ▮▮ ▮▮▮▮▮ ▮▮▮ ▮▮▮▮ ▮▮▮ ▮▮▮ ▮▮▮▮ ▮▮ ▮▮▮▮▮ ▮▮▮ ▮▮▮▮ ▮▮ ▮▮▮▮▮ ▮▮▮ ▮▮▮▮ ▮▮▮▮▮ ▮▮▮ ▮▮▮▮ ▮▮ ▮▮▮▮▮ ▮▮▮ ▮▮▮▮ ▮▮▮ ▮▮▮ ▮▮▮▮ ▮▮ ▮▮▮▮▮ ▮▮▮ ▮▮▮▮ ▮▮ ▮▮▮▮▮ ▮▮▮ ▮▮▮▮ ▮▮▮▮▮ ▮▮▮ ▮▮▮▮ ▮▮ ▮▮▮▮▮ ▮▮▮ ▮▮▮▮ ▮▮▮ ▮▮▮ ▮▮▮▮ ▮▮ ▮▮▮▮▮ ▮▮▮ ▮▮▮▮ ▮▮ ▮▮▮▮▮ ▮▮▮ ▮▮▮▮ ▮▮▮▮▮ ▮▮▮ ▮▮▮▮ ▮▮ ▮▮▮▮▮ ▮▮▮ ▮▮▮▮ ▮▮▮ ▮▮▮ ▮▮▮▮ ▮▮ ▮▮▮▮▮ ▮▮▮ ▮▮▮▮ ▮▮ ▮▮▮▮▮ ▮▮▮ ▮▮▮▮ ▮▮▮▮▮ ▮▮▮ ▮▮▮▮ ▮▮ ▮▮▮▮▮ ▮▮▮ ▮▮▮▮ ▮▮▮ ▮▮▮ ▮▮▮▮ ▮▮ ▮▮▮▮▮ ▮▮▮ ▮▮▮▮ ▮▮ ▮▮▮▮▮ ▮▮▮ ▮▮▮▮ ▮▮▮▮▮ ▮▮▮ ▮▮▮▮ ▮▮ ▮▮▮▮▮ ▮▮▮ ▮▮▮▮ ▮▮▮ ▮▮▮ ▮▮▮▮ ▮▮ ▮▮▮▮▮ ▮▮▮ ▮▮▮▮ ▮▮ ▮▮▮▮▮ ▮▮▮ ▮▮▮▮ ▮▮▮▮▮ ▮▮▮ ▮▮▮▮ ▮▮ ▮▮▮▮▮ ▮▮▮ ▮▮▮▮ ▮▮▮
Sd/- Executive Engineer
PWD Roads Division, Bokakhat
No. RSE/B/GPE/Tender/2024-25/1642
QUOTATION
▮▮▮ ▮▮▮▮ ▮▮ ▮▮▮▮▮ ▮▮▮ ▮▮▮▮ ▮▮ ▮▮▮▮▮ ▮▮▮ ▮▮▮▮ ▮▮▮▮▮ ▮▮▮ ▮▮▮▮ ▮▮ ▮▮▮▮▮ ▮▮▮ ▮▮▮▮ ▮▮▮ ▮▮▮ ▮▮▮▮ ▮▮ ▮▮▮▮▮ ▮▮▮ ▮▮▮▮ ▮▮ ▮▮▮▮▮ ▮▮▮ ▮▮▮▮ ▮▮▮▮▮ ▮▮▮ ▮▮▮▮ ▮▮ ▮▮▮▮▮ ▮▮▮ ▮▮▮▮ ▮▮▮ ▮▮▮ ▮▮▮▮ ▮▮ ▮▮▮▮▮ ▮▮▮ ▮▮▮▮ ▮▮ ▮▮▮▮▮ ▮▮▮ ▮▮▮▮ ▮▮▮▮▮ ▮▮▮ ▮▮▮▮ ▮▮ ▮▮▮▮▮ ▮▮▮ ▮▮▮▮ ▮▮▮ ▮▮▮ ▮▮▮▮ ▮▮ ▮▮▮▮▮ ▮▮▮ ▮▮▮▮ ▮▮ ▮▮▮▮▮ ▮▮▮ ▮▮▮▮ ▮▮▮▮▮ ▮▮▮ ▮▮▮▮ ▮▮ ▮▮▮▮▮ ▮▮▮ ▮▮▮▮ ▮▮▮ ▮▮▮ ▮▮▮▮ ▮▮ ▮▮▮▮▮ ▮▮▮ ▮▮▮▮ ▮▮ ▮▮▮▮▮ ▮▮▮ ▮▮▮▮ ▮▮▮▮▮ ▮▮▮ ▮▮▮▮ ▮▮ ▮▮▮▮▮ ▮▮▮ ▮▮▮▮ ▮▮▮ ▮▮▮ ▮▮▮▮ ▮▮ ▮▮▮▮▮ ▮▮▮ ▮▮▮▮ ▮▮ ▮▮▮▮▮ ▮▮▮ ▮▮▮▮ ▮▮▮▮▮ ▮▮▮ ▮▮▮▮ ▮▮ ▮▮▮▮▮ ▮▮▮ ▮▮▮▮ ▮▮▮ ▮▮▮ ▮▮▮▮ ▮▮ ▮▮▮▮▮ ▮▮▮ ▮▮▮▮ ▮▮ ▮▮▮▮▮ ▮▮▮ ▮▮▮▮ ▮▮▮▮▮ ▮▮▮ ▮▮▮▮ ▮▮ ▮▮▮▮▮ ▮▮▮ ▮▮▮▮ ▮▮▮ ▮▮▮ ▮▮▮▮ ▮▮ ▮▮▮▮▮ ▮▮▮ ▮▮▮▮ ▮▮ ▮▮▮▮▮ ▮▮▮ ▮▮▮▮ ▮▮▮▮▮ ▮▮▮ ▮▮▮▮ ▮▮ ▮▮▮▮▮ ▮▮▮ ▮▮▮▮ ▮▮▮ ▮▮▮ ▮▮▮▮ ▮▮ ▮▮▮▮▮ ▮▮▮ ▮▮▮▮ ▮▮ ▮▮▮▮▮ ▮▮▮ ▮▮▮▮ ▮▮▮▮▮ ▮▮▮ ▮▮▮▮ ▮▮ ▮▮▮▮▮ ▮▮▮ ▮▮▮▮ ▮▮▮ ▮▮▮ ▮▮▮▮ ▮▮ ▮▮▮▮▮ ▮▮▮ ▮▮▮▮ ▮▮ ▮▮▮▮▮ ▮▮▮ ▮▮▮▮ ▮▮▮▮▮ ▮▮▮ ▮▮▮▮ ▮▮ ▮▮▮▮▮ ▮▮▮ ▮▮▮▮ ▮▮▮
TERMS & CONDITION :
▮▮▮ ▮▮▮▮ ▮▮ ▮▮▮▮▮ ▮▮▮ ▮▮▮▮ ▮▮ ▮▮▮▮▮ ▮▮▮ ▮▮▮▮ ▮▮▮▮▮ ▮▮▮ ▮▮▮▮ ▮▮ ▮▮▮▮▮ ▮▮▮ ▮▮▮▮ ▮▮▮ ▮▮▮ ▮▮▮▮ ▮▮ ▮▮▮▮▮ ▮▮▮ ▮▮▮▮ ▮▮ ▮▮▮▮▮ ▮▮▮ ▮▮▮▮ ▮▮▮▮▮ ▮▮▮ ▮▮▮▮ ▮▮ ▮▮▮▮▮ ▮▮▮ ▮▮▮▮ ▮▮▮ ▮▮▮ ▮▮▮▮ ▮▮ ▮▮▮▮▮ ▮▮▮ ▮▮▮▮ ▮▮ ▮▮▮▮▮ ▮▮▮ ▮▮▮▮ ▮▮▮▮▮ ▮▮▮ ▮▮▮▮ ▮▮ ▮▮▮▮▮ ▮▮▮ ▮▮▮▮ ▮▮▮ ▮▮▮ ▮▮▮▮ ▮▮ ▮▮▮▮▮ ▮▮▮ ▮▮▮▮ ▮▮ ▮▮▮▮▮ ▮▮▮ ▮▮▮▮ ▮▮▮▮▮ ▮▮▮ ▮▮▮▮ ▮▮ ▮▮▮▮▮ ▮▮▮ ▮▮▮▮ ▮▮▮ ▮▮▮ ▮▮▮▮ ▮▮ ▮▮▮▮▮ ▮▮▮ ▮▮▮▮ ▮▮ ▮▮▮▮▮ ▮▮▮ ▮▮▮▮ ▮▮▮▮▮ ▮▮▮ ▮▮▮▮ ▮▮ ▮▮▮▮▮ ▮▮▮ ▮▮▮▮ ▮▮▮ ▮▮▮ ▮▮▮▮ ▮▮ ▮▮▮▮▮ ▮▮▮ ▮▮▮▮ ▮▮ ▮▮▮▮▮ ▮▮▮ ▮▮▮▮ ▮▮▮▮▮ ▮▮▮ ▮▮▮▮ ▮▮ ▮▮▮▮▮ ▮▮▮ ▮▮▮▮ ▮▮▮ ▮▮▮ ▮▮▮▮ ▮▮ ▮▮▮▮▮ ▮▮▮ ▮▮▮▮ ▮▮ ▮▮▮▮▮ ▮▮▮ ▮▮▮▮ ▮▮▮▮▮ ▮▮▮ ▮▮▮▮ ▮▮ ▮▮▮▮▮ ▮▮▮ ▮▮▮▮ ▮▮▮ ▮▮▮ ▮▮▮▮ ▮▮ ▮▮▮▮▮ ▮▮▮ ▮▮▮▮ ▮▮ ▮▮▮▮▮ ▮▮▮ ▮▮▮▮ ▮▮▮▮▮ ▮▮▮ ▮▮▮▮ ▮▮ ▮▮▮▮▮ ▮▮▮ ▮▮▮▮ ▮▮▮ ▮▮▮ ▮▮▮▮ ▮▮ ▮▮▮▮▮ ▮▮▮ ▮▮▮▮ ▮▮ ▮▮▮▮▮ ▮▮▮ ▮▮▮▮ ▮▮▮▮▮ ▮▮▮ ▮▮▮▮ ▮▮ ▮▮▮▮▮ ▮▮▮ ▮▮▮▮ ▮▮▮ ▮▮▮ ▮▮▮▮ ▮▮ ▮▮▮▮▮ ▮▮▮ ▮▮▮▮ ▮▮ ▮▮▮▮▮ ▮▮▮ ▮▮▮▮ ▮▮▮▮▮ ▮▮▮ ▮▮▮▮ ▮▮ ▮▮▮▮▮ ▮▮▮ ▮▮▮▮ ▮▮▮
Sd/- General Manager
ASTC, Guwahati
মৃত শিক্ষকৰ গুণোত্তৰৰ ইনভিজিলেটৰৰ দায়িত্ব
মাজুলী শিক্ষা বিভাগৰ আজব কাণ্ড লৈ শৈক্ষিক মহলত উদ্বেগ
▮▮▮ ▮▮▮▮ ▮▮ ▮▮▮▮▮ ▮▮▮ ▮▮▮▮ ▮▮ ▮▮▮▮▮ ▮▮▮ ▮▮▮▮ ▮▮▮▮▮ ▮▮▮ ▮▮▮▮ ▮▮ ▮▮▮▮▮ ▮▮▮ ▮▮▮▮ ▮▮▮ ▮▮▮ ▮▮▮▮ ▮▮ ▮▮▮▮▮ ▮▮▮ ▮▮▮▮ ▮▮ ▮▮▮▮▮ ▮▮▮ ▮▮▮▮ ▮▮▮▮▮ ▮▮▮ ▮▮▮▮ ▮▮ ▮▮▮▮▮ ▮▮▮ ▮▮▮▮ ▮▮▮ ▮▮▮ ▮▮▮▮ ▮▮ ▮▮▮▮▮ ▮▮▮ ▮▮▮▮ ▮▮ ▮▮▮▮▮ ▮▮▮ ▮▮▮▮ ▮▮▮▮▮ ▮▮▮ ▮▮▮▮ ▮▮ ▮▮▮▮▮ ▮▮▮ ▮▮▮▮ ▮▮▮ ▮▮▮ ▮▮▮▮ ▮▮ ▮▮▮▮▮ ▮▮▮ ▮▮▮▮ ▮▮ ▮▮▮▮▮ ▮▮▮ ▮▮▮▮ ▮▮▮▮▮ ▮▮▮ ▮▮▮▮ ▮▮ ▮▮▮▮▮ ▮▮▮ ▮▮▮▮ ▮▮▮ ▮▮▮ ▮▮▮▮ ▮▮ ▮▮▮▮▮ ▮▮▮ ▮▮▮▮ ▮▮ ▮▮▮▮▮ ▮▮▮ ▮▮▮▮ ▮▮▮▮▮ ▮▮▮ ▮▮▮▮ ▮▮ ▮▮▮▮▮ ▮▮▮ ▮▮▮▮ ▮▮▮ ▮▮▮ ▮▮▮▮ ▮▮ ▮▮▮▮▮ ▮▮▮ ▮▮▮▮ ▮▮ ▮▮▮▮▮ ▮▮▮ ▮▮▮▮ ▮▮▮▮▮ ▮▮▮ ▮▮▮▮ ▮▮ ▮▮▮▮▮ ▮▮▮ ▮▮▮▮ ▮▮▮ ▮▮▮ ▮▮▮▮ ▮▮ ▮▮▮▮▮ ▮▮▮ ▮▮▮▮ ▮▮ ▮▮▮▮▮ ▮▮▮ ▮▮▮▮ ▮▮▮▮▮ ▮▮▮ ▮▮▮▮ ▮▮ ▮▮▮▮▮ ▮▮▮ ▮▮▮▮ ▮▮▮ ▮▮▮ ▮▮▮▮ ▮▮ ▮▮▮▮▮ ▮▮▮ ▮▮▮▮ ▮▮ ▮▮▮▮▮ ▮▮▮ ▮▮▮▮ ▮▮▮▮▮ ▮▮▮ ▮▮▮▮ ▮▮ ▮▮▮▮▮ ▮▮▮ ▮▮▮▮ ▮▮▮ ▮▮▮ ▮▮▮▮ ▮▮ ▮▮▮▮▮ ▮▮▮ ▮▮▮▮ ▮▮ ▮▮▮▮▮ ▮▮▮ ▮▮▮▮ ▮▮▮▮▮ ▮▮▮ ▮▮▮▮ ▮▮ ▮▮▮▮▮ ▮▮▮ ▮▮▮▮ ▮▮▮ ▮▮▮ ▮▮▮▮ ▮▮ ▮▮▮▮▮ ▮▮▮ ▮▮▮▮ ▮▮ ▮▮▮▮▮ ▮▮▮ ▮▮▮▮ ▮▮▮▮▮ ▮▮▮ ▮▮▮▮ ▮▮ ▮▮▮▮▮ ▮▮▮ ▮▮▮▮ ▮▮▮
▮▮▮ ▮▮▮▮ ▮▮ ▮▮▮▮▮ ▮▮▮ ▮▮▮▮ ▮▮ ▮▮▮▮▮ ▮▮▮ ▮▮▮▮ ▮▮▮▮▮ ▮▮▮ ▮▮▮▮ ▮▮ ▮▮▮▮▮ ▮▮▮ ▮▮▮▮ ▮▮▮ ▮▮▮ ▮▮▮▮ ▮▮ ▮▮▮▮▮ ▮▮▮ ▮▮▮▮ ▮▮ ▮▮▮▮▮ ▮▮▮ ▮▮▮▮ ▮▮▮▮▮ ▮▮▮ ▮▮▮▮ ▮▮ ▮▮▮▮▮ ▮▮▮ ▮▮▮▮ ▮▮▮ ▮▮▮ ▮▮▮▮ ▮▮ ▮▮▮▮▮ ▮▮▮ ▮▮▮▮ ▮▮ ▮▮▮▮▮ ▮▮▮ ▮▮▮▮ ▮▮▮▮▮ ▮▮▮ ▮▮▮▮ ▮▮ ▮▮▮▮▮ ▮▮▮ ▮▮▮▮ ▮▮▮ ▮▮▮ ▮▮▮▮ ▮▮ ▮▮▮▮▮ ▮▮▮ ▮▮▮▮ ▮▮ ▮▮▮▮▮ ▮▮▮ ▮▮▮▮ ▮▮▮▮▮ ▮▮▮ ▮▮▮▮ ▮▮ ▮▮▮▮▮ ▮▮▮ ▮▮▮▮ ▮▮▮ ▮▮▮ ▮▮▮▮ ▮▮ ▮▮▮▮▮ ▮▮▮ ▮▮▮▮ ▮▮ ▮▮▮▮▮ ▮▮▮ ▮▮▮▮ ▮▮▮▮▮ ▮▮▮ ▮▮▮▮ ▮▮ ▮▮▮▮▮ ▮▮▮ ▮▮▮▮ ▮▮▮ ▮▮▮ ▮▮▮▮ ▮▮ ▮▮▮▮▮ ▮▮▮ ▮▮▮▮ ▮▮ ▮▮▮▮▮ ▮▮▮ ▮▮▮▮ ▮▮▮▮▮ ▮▮▮ ▮▮▮▮ ▮▮ ▮▮▮▮▮ ▮▮▮ ▮▮▮▮ ▮▮▮ ▮▮▮ ▮▮▮▮ ▮▮ ▮▮▮▮▮ ▮▮▮ ▮▮▮▮ ▮▮ ▮▮▮▮▮ ▮▮▮ ▮▮▮▮ ▮▮▮▮▮ ▮▮▮ ▮▮▮▮ ▮▮ ▮▮▮▮▮ ▮▮▮ ▮▮▮▮ ▮▮▮ ▮▮▮ ▮▮▮▮ ▮▮ ▮▮▮▮▮ ▮▮▮ ▮▮▮▮ ▮▮ ▮▮▮▮▮ ▮▮▮ ▮▮▮▮ ▮▮▮▮▮ ▮▮▮ ▮▮▮▮ ▮▮ ▮▮▮▮▮ ▮▮▮ ▮▮▮▮ ▮▮▮ ▮▮▮ ▮▮▮▮ ▮▮ ▮▮▮▮▮ ▮▮▮ ▮▮▮▮ ▮▮ ▮▮▮▮▮ ▮▮▮ ▮▮▮▮ ▮▮▮▮▮ ▮▮▮ ▮▮▮▮ ▮▮ ▮▮▮▮▮ ▮▮▮ ▮▮▮▮ ▮▮▮ ▮▮▮ ▮▮▮▮ ▮▮ ▮▮▮▮▮ ▮▮▮ ▮▮▮▮ ▮▮ ▮▮▮▮▮ ▮▮▮ ▮▮▮▮ ▮▮▮▮▮ ▮▮▮ ▮▮▮▮ ▮▮ ▮▮▮▮▮ ▮▮▮ ▮▮▮▮ ▮▮▮
▮▮▮ ▮▮▮▮ ▮▮ ▮▮▮▮▮ ▮▮▮ ▮▮▮▮ ▮▮ ▮▮▮▮▮ ▮▮▮ ▮▮▮▮ ▮▮▮▮▮ ▮▮▮ ▮▮▮▮ ▮▮ ▮▮▮▮▮ ▮▮▮ ▮▮▮▮ ▮▮▮ ▮▮▮ ▮▮▮▮ ▮▮ ▮▮▮▮▮ ▮▮▮ ▮▮▮▮ ▮▮ ▮▮▮▮▮ ▮▮▮ ▮▮▮▮ ▮▮▮▮▮ ▮▮▮ ▮▮▮▮ ▮▮ ▮▮▮▮▮ ▮▮▮ ▮▮▮▮ ▮▮▮ ▮▮▮ ▮▮▮▮ ▮▮ ▮▮▮▮▮ ▮▮▮ ▮▮▮▮ ▮▮ ▮▮▮▮▮ ▮▮▮ ▮▮▮▮ ▮▮▮▮▮ ▮▮▮ ▮▮▮▮ ▮▮ ▮▮▮▮▮ ▮▮▮ ▮▮▮▮ ▮▮▮ ▮▮▮ ▮▮▮▮ ▮▮ ▮▮▮▮▮ ▮▮▮ ▮▮▮▮ ▮▮ ▮▮▮▮▮ ▮▮▮ ▮▮▮▮ ▮▮▮▮▮ ▮▮▮ ▮▮▮▮ ▮▮ ▮▮▮▮▮ ▮▮▮ ▮▮▮▮ ▮▮▮ ▮▮▮ ▮▮▮▮ ▮▮ ▮▮▮▮▮ ▮▮▮ ▮▮▮▮ ▮▮ ▮▮▮▮▮ ▮▮▮ ▮▮▮▮ ▮▮▮▮▮ ▮▮▮ ▮▮▮▮ ▮▮ ▮▮▮▮▮ ▮▮▮ ▮▮▮▮ ▮▮▮ ▮▮▮ ▮▮▮▮ ▮▮ ▮▮▮▮▮ ▮▮▮ ▮▮▮▮ ▮▮ ▮▮▮▮▮ ▮▮▮ ▮▮▮▮ ▮▮▮▮▮ ▮▮▮ ▮▮▮▮ ▮▮ ▮▮▮▮▮ ▮▮▮ ▮▮▮▮ ▮▮▮ ▮▮▮ ▮▮▮▮ ▮▮ ▮▮▮▮▮ ▮▮▮ ▮▮▮▮ ▮▮ ▮▮▮▮▮ ▮▮▮ ▮▮▮▮ ▮▮▮▮▮ ▮▮▮ ▮▮▮▮ ▮▮ ▮▮▮▮▮ ▮▮▮ ▮▮▮▮ ▮▮▮ ▮▮▮ ▮▮▮▮ ▮▮ ▮▮▮▮▮ ▮▮▮ ▮▮▮▮ ▮▮ ▮▮▮▮▮ ▮▮▮ ▮▮▮▮ ▮▮▮▮▮ ▮▮▮ ▮▮▮▮ ▮▮ ▮▮▮▮▮ ▮▮▮ ▮▮▮▮ ▮▮▮ ▮▮▮ ▮▮▮▮ ▮▮ ▮▮▮▮▮ ▮▮▮ ▮▮▮▮ ▮▮ ▮▮▮▮▮ ▮▮▮ ▮▮▮▮ ▮▮▮▮▮ ▮▮▮ ▮▮▮▮ ▮▮ ▮▮▮▮▮ ▮▮▮ ▮▮▮▮ ▮▮▮ ▮▮▮ ▮▮▮▮ ▮▮ ▮▮▮▮▮ ▮▮▮ ▮▮▮▮ ▮▮ ▮▮▮▮▮ ▮▮▮ ▮▮▮▮ ▮▮▮▮▮ ▮▮▮ ▮▮▮▮ ▮▮ ▮▮▮▮▮ ▮▮▮ ▮▮▮▮ ▮▮▮
